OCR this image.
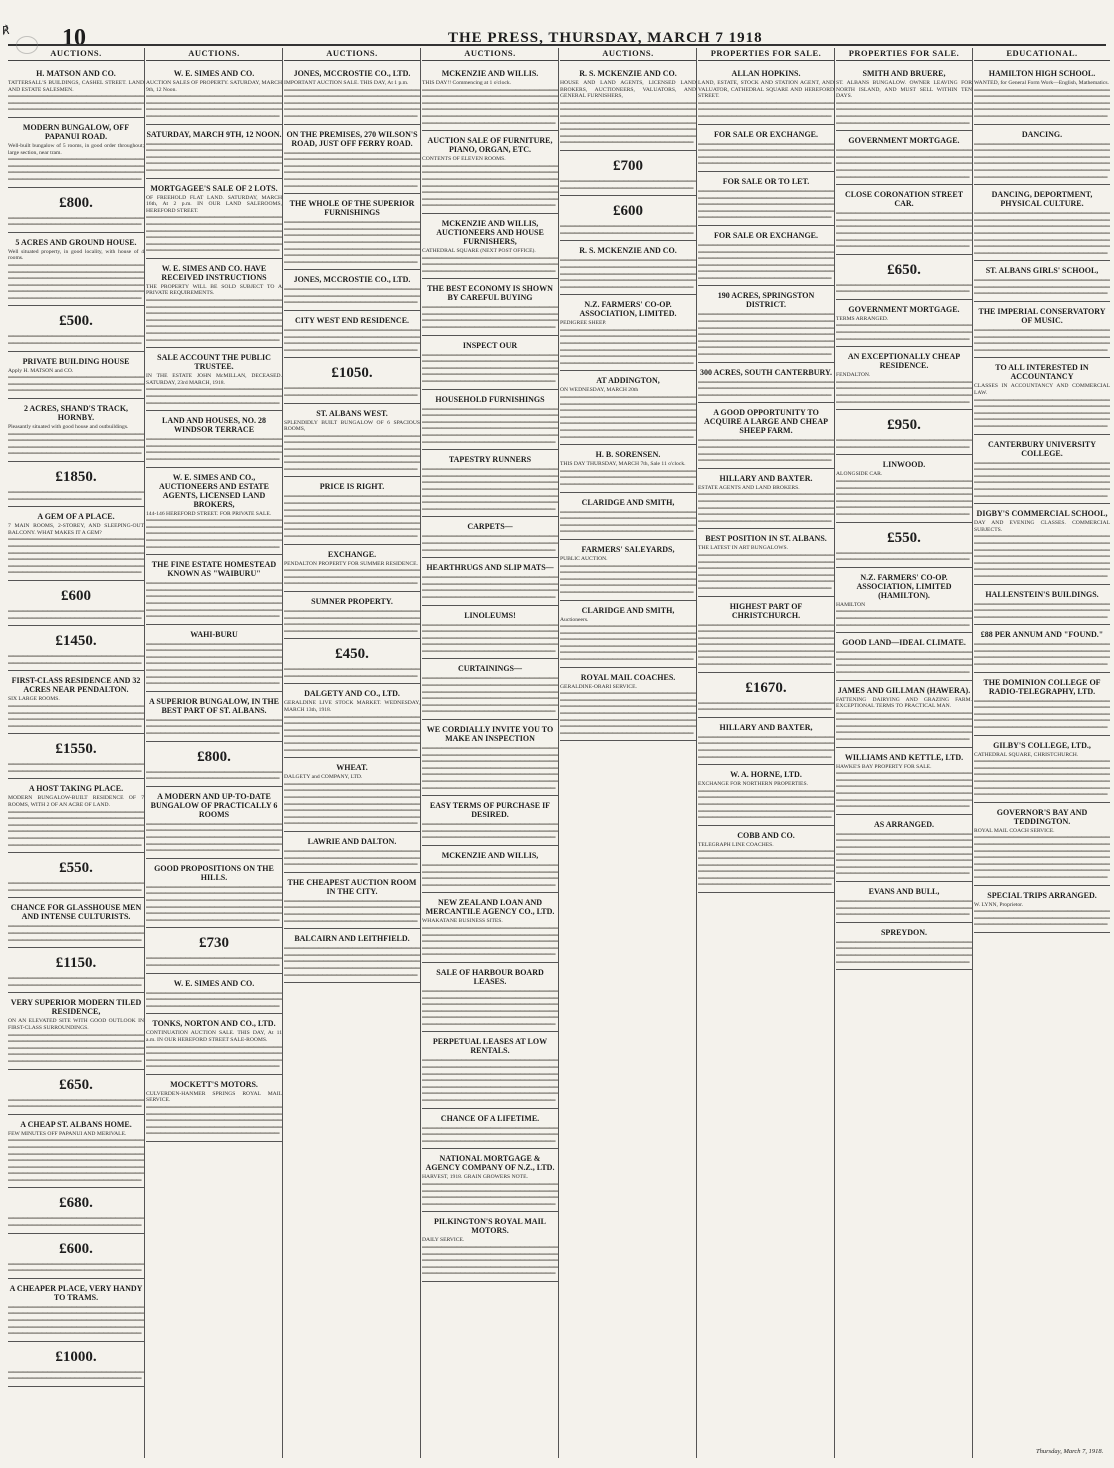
℟ 10	THE PRESS, THURSDAY, MARCH 7 1918
AUCTIONS.
H. MATSON AND CO.
TATTERSALL'S BUILDINGS, CASHEL STREET. LAND AND ESTATE SALESMEN.
▬▬ ▬▬▬ ▬ ▬▬▬▬ ▬▬ ▬▬▬ ▬▬ ▬ ▬▬▬▬▬ ▬▬ ▬▬▬ ▬▬ ▬▬▬ ▬ ▬▬▬▬ ▬▬ ▬▬▬ ▬▬ ▬ ▬▬▬▬▬ ▬▬ ▬▬▬ ▬▬ ▬▬▬ ▬ ▬▬▬▬ ▬▬ ▬▬▬ ▬▬ ▬ ▬▬▬▬▬ ▬▬ ▬▬▬
MODERN BUNGALOW, OFF PAPANUI ROAD.
Well-built bungalow of 5 rooms, in good order throughout; large section, near tram.
▬▬ ▬▬▬ ▬ ▬▬▬▬ ▬▬ ▬▬▬ ▬▬ ▬ ▬▬▬▬▬ ▬▬ ▬▬▬ ▬▬ ▬▬▬ ▬ ▬▬▬▬ ▬▬ ▬▬▬ ▬▬ ▬ ▬▬▬▬▬ ▬▬ ▬▬▬ ▬▬ ▬▬▬ ▬ ▬▬▬▬ ▬▬ ▬▬▬ ▬▬ ▬ ▬▬▬▬▬ ▬▬ ▬▬▬ ▬▬ ▬▬▬ ▬ ▬▬▬▬ ▬▬ ▬▬▬ ▬▬ ▬ ▬▬▬▬▬ ▬▬ ▬▬▬
£800.
▬▬ ▬▬▬ ▬ ▬▬▬▬ ▬▬ ▬▬▬ ▬▬ ▬ ▬▬▬▬▬ ▬▬ ▬▬▬ ▬▬ ▬▬▬ ▬ ▬▬▬▬ ▬▬ ▬▬▬ ▬▬ ▬ ▬▬▬▬▬ ▬▬ ▬▬▬
5 ACRES AND GROUND HOUSE.
Well situated property, in good locality, with house of 4 rooms.
▬▬ ▬▬▬ ▬ ▬▬▬▬ ▬▬ ▬▬▬ ▬▬ ▬ ▬▬▬▬▬ ▬▬ ▬▬▬ ▬▬ ▬▬▬ ▬ ▬▬▬▬ ▬▬ ▬▬▬ ▬▬ ▬ ▬▬▬▬▬ ▬▬ ▬▬▬ ▬▬ ▬▬▬ ▬ ▬▬▬▬ ▬▬ ▬▬▬ ▬▬ ▬ ▬▬▬▬▬ ▬▬ ▬▬▬ ▬▬ ▬▬▬ ▬ ▬▬▬▬ ▬▬ ▬▬▬ ▬▬ ▬ ▬▬▬▬▬ ▬▬ ▬▬▬ ▬▬ ▬▬▬ ▬ ▬▬▬▬ ▬▬ ▬▬▬ ▬▬ ▬ ▬▬▬▬▬ ▬▬ ▬▬▬ ▬▬ ▬▬▬ ▬ ▬▬▬▬ ▬▬ ▬▬▬ ▬▬ ▬ ▬▬▬▬▬ ▬▬ ▬▬▬
£500.
▬▬ ▬▬▬ ▬ ▬▬▬▬ ▬▬ ▬▬▬ ▬▬ ▬ ▬▬▬▬▬ ▬▬ ▬▬▬ ▬▬ ▬▬▬ ▬ ▬▬▬▬ ▬▬ ▬▬▬ ▬▬ ▬ ▬▬▬▬▬ ▬▬ ▬▬▬
PRIVATE BUILDING HOUSE
Apply H. MATSON and CO.
▬▬ ▬▬▬ ▬ ▬▬▬▬ ▬▬ ▬▬▬ ▬▬ ▬ ▬▬▬▬▬ ▬▬ ▬▬▬ ▬▬ ▬▬▬ ▬ ▬▬▬▬ ▬▬ ▬▬▬ ▬▬ ▬ ▬▬▬▬▬ ▬▬ ▬▬▬ ▬▬ ▬▬▬ ▬ ▬▬▬▬ ▬▬ ▬▬▬ ▬▬ ▬ ▬▬▬▬▬ ▬▬ ▬▬▬
2 ACRES, SHAND'S TRACK, HORNBY.
Pleasantly situated with good house and outbuildings.
▬▬ ▬▬▬ ▬ ▬▬▬▬ ▬▬ ▬▬▬ ▬▬ ▬ ▬▬▬▬▬ ▬▬ ▬▬▬ ▬▬ ▬▬▬ ▬ ▬▬▬▬ ▬▬ ▬▬▬ ▬▬ ▬ ▬▬▬▬▬ ▬▬ ▬▬▬ ▬▬ ▬▬▬ ▬ ▬▬▬▬ ▬▬ ▬▬▬ ▬▬ ▬ ▬▬▬▬▬ ▬▬ ▬▬▬ ▬▬ ▬▬▬ ▬ ▬▬▬▬ ▬▬ ▬▬▬ ▬▬ ▬ ▬▬▬▬▬ ▬▬ ▬▬▬
£1850.
▬▬ ▬▬▬ ▬ ▬▬▬▬ ▬▬ ▬▬▬ ▬▬ ▬ ▬▬▬▬▬ ▬▬ ▬▬▬ ▬▬ ▬▬▬ ▬ ▬▬▬▬ ▬▬ ▬▬▬ ▬▬ ▬ ▬▬▬▬▬ ▬▬ ▬▬▬
A GEM OF A PLACE.
7 MAIN ROOMS, 2-STOREY, AND SLEEPING-OUT BALCONY. WHAT MAKES IT A GEM?
▬▬ ▬▬▬ ▬ ▬▬▬▬ ▬▬ ▬▬▬ ▬▬ ▬ ▬▬▬▬▬ ▬▬ ▬▬▬ ▬▬ ▬▬▬ ▬ ▬▬▬▬ ▬▬ ▬▬▬ ▬▬ ▬ ▬▬▬▬▬ ▬▬ ▬▬▬ ▬▬ ▬▬▬ ▬ ▬▬▬▬ ▬▬ ▬▬▬ ▬▬ ▬ ▬▬▬▬▬ ▬▬ ▬▬▬ ▬▬ ▬▬▬ ▬ ▬▬▬▬ ▬▬ ▬▬▬ ▬▬ ▬ ▬▬▬▬▬ ▬▬ ▬▬▬ ▬▬ ▬▬▬ ▬ ▬▬▬▬ ▬▬ ▬▬▬ ▬▬ ▬ ▬▬▬▬▬ ▬▬ ▬▬▬ ▬▬ ▬▬▬ ▬ ▬▬▬▬ ▬▬ ▬▬▬ ▬▬ ▬ ▬▬▬▬▬ ▬▬ ▬▬▬
£600
▬▬ ▬▬▬ ▬ ▬▬▬▬ ▬▬ ▬▬▬ ▬▬ ▬ ▬▬▬▬▬ ▬▬ ▬▬▬ ▬▬ ▬▬▬ ▬ ▬▬▬▬ ▬▬ ▬▬▬ ▬▬ ▬ ▬▬▬▬▬ ▬▬ ▬▬▬
£1450.
▬▬ ▬▬▬ ▬ ▬▬▬▬ ▬▬ ▬▬▬ ▬▬ ▬ ▬▬▬▬▬ ▬▬ ▬▬▬ ▬▬ ▬▬▬ ▬ ▬▬▬▬ ▬▬ ▬▬▬ ▬▬ ▬ ▬▬▬▬▬ ▬▬ ▬▬▬
FIRST-CLASS RESIDENCE AND 32 ACRES NEAR PENDALTON.
SIX LARGE ROOMS.
▬▬ ▬▬▬ ▬ ▬▬▬▬ ▬▬ ▬▬▬ ▬▬ ▬ ▬▬▬▬▬ ▬▬ ▬▬▬ ▬▬ ▬▬▬ ▬ ▬▬▬▬ ▬▬ ▬▬▬ ▬▬ ▬ ▬▬▬▬▬ ▬▬ ▬▬▬ ▬▬ ▬▬▬ ▬ ▬▬▬▬ ▬▬ ▬▬▬ ▬▬ ▬ ▬▬▬▬▬ ▬▬ ▬▬▬ ▬▬ ▬▬▬ ▬ ▬▬▬▬ ▬▬ ▬▬▬ ▬▬ ▬ ▬▬▬▬▬ ▬▬ ▬▬▬
£1550.
▬▬ ▬▬▬ ▬ ▬▬▬▬ ▬▬ ▬▬▬ ▬▬ ▬ ▬▬▬▬▬ ▬▬ ▬▬▬ ▬▬ ▬▬▬ ▬ ▬▬▬▬ ▬▬ ▬▬▬ ▬▬ ▬ ▬▬▬▬▬ ▬▬ ▬▬▬
A HOST TAKING PLACE.
MODERN BUNGALOW-BUILT RESIDENCE OF 7 ROOMS, WITH 2 OF AN ACRE OF LAND.
▬▬ ▬▬▬ ▬ ▬▬▬▬ ▬▬ ▬▬▬ ▬▬ ▬ ▬▬▬▬▬ ▬▬ ▬▬▬ ▬▬ ▬▬▬ ▬ ▬▬▬▬ ▬▬ ▬▬▬ ▬▬ ▬ ▬▬▬▬▬ ▬▬ ▬▬▬ ▬▬ ▬▬▬ ▬ ▬▬▬▬ ▬▬ ▬▬▬ ▬▬ ▬ ▬▬▬▬▬ ▬▬ ▬▬▬ ▬▬ ▬▬▬ ▬ ▬▬▬▬ ▬▬ ▬▬▬ ▬▬ ▬ ▬▬▬▬▬ ▬▬ ▬▬▬ ▬▬ ▬▬▬ ▬ ▬▬▬▬ ▬▬ ▬▬▬ ▬▬ ▬ ▬▬▬▬▬ ▬▬ ▬▬▬ ▬▬ ▬▬▬ ▬ ▬▬▬▬ ▬▬ ▬▬▬ ▬▬ ▬ ▬▬▬▬▬ ▬▬ ▬▬▬
£550.
▬▬ ▬▬▬ ▬ ▬▬▬▬ ▬▬ ▬▬▬ ▬▬ ▬ ▬▬▬▬▬ ▬▬ ▬▬▬ ▬▬ ▬▬▬ ▬ ▬▬▬▬ ▬▬ ▬▬▬ ▬▬ ▬ ▬▬▬▬▬ ▬▬ ▬▬▬
CHANCE FOR GLASSHOUSE MEN AND INTENSE CULTURISTS.
▬▬ ▬▬▬ ▬ ▬▬▬▬ ▬▬ ▬▬▬ ▬▬ ▬ ▬▬▬▬▬ ▬▬ ▬▬▬ ▬▬ ▬▬▬ ▬ ▬▬▬▬ ▬▬ ▬▬▬ ▬▬ ▬ ▬▬▬▬▬ ▬▬ ▬▬▬ ▬▬ ▬▬▬ ▬ ▬▬▬▬ ▬▬ ▬▬▬ ▬▬ ▬ ▬▬▬▬▬ ▬▬ ▬▬▬
£1150.
▬▬ ▬▬▬ ▬ ▬▬▬▬ ▬▬ ▬▬▬ ▬▬ ▬ ▬▬▬▬▬ ▬▬ ▬▬▬ ▬▬ ▬▬▬ ▬ ▬▬▬▬ ▬▬ ▬▬▬ ▬▬ ▬ ▬▬▬▬▬ ▬▬ ▬▬▬
VERY SUPERIOR MODERN TILED RESIDENCE,
ON AN ELEVATED SITE WITH GOOD OUTLOOK IN FIRST-CLASS SURROUNDINGS.
▬▬ ▬▬▬ ▬ ▬▬▬▬ ▬▬ ▬▬▬ ▬▬ ▬ ▬▬▬▬▬ ▬▬ ▬▬▬ ▬▬ ▬▬▬ ▬ ▬▬▬▬ ▬▬ ▬▬▬ ▬▬ ▬ ▬▬▬▬▬ ▬▬ ▬▬▬ ▬▬ ▬▬▬ ▬ ▬▬▬▬ ▬▬ ▬▬▬ ▬▬ ▬ ▬▬▬▬▬ ▬▬ ▬▬▬ ▬▬ ▬▬▬ ▬ ▬▬▬▬ ▬▬ ▬▬▬ ▬▬ ▬ ▬▬▬▬▬ ▬▬ ▬▬▬ ▬▬ ▬▬▬ ▬ ▬▬▬▬ ▬▬ ▬▬▬ ▬▬ ▬ ▬▬▬▬▬ ▬▬ ▬▬▬
£650.
▬▬ ▬▬▬ ▬ ▬▬▬▬ ▬▬ ▬▬▬ ▬▬ ▬ ▬▬▬▬▬ ▬▬ ▬▬▬ ▬▬ ▬▬▬ ▬ ▬▬▬▬ ▬▬ ▬▬▬ ▬▬ ▬ ▬▬▬▬▬ ▬▬ ▬▬▬
A CHEAP ST. ALBANS HOME.
FEW MINUTES OFF PAPANUI AND MERIVALE.
▬▬ ▬▬▬ ▬ ▬▬▬▬ ▬▬ ▬▬▬ ▬▬ ▬ ▬▬▬▬▬ ▬▬ ▬▬▬ ▬▬ ▬▬▬ ▬ ▬▬▬▬ ▬▬ ▬▬▬ ▬▬ ▬ ▬▬▬▬▬ ▬▬ ▬▬▬ ▬▬ ▬▬▬ ▬ ▬▬▬▬ ▬▬ ▬▬▬ ▬▬ ▬ ▬▬▬▬▬ ▬▬ ▬▬▬ ▬▬ ▬▬▬ ▬ ▬▬▬▬ ▬▬ ▬▬▬ ▬▬ ▬ ▬▬▬▬▬ ▬▬ ▬▬▬ ▬▬ ▬▬▬ ▬ ▬▬▬▬ ▬▬ ▬▬▬ ▬▬ ▬ ▬▬▬▬▬ ▬▬ ▬▬▬ ▬▬ ▬▬▬ ▬ ▬▬▬▬ ▬▬ ▬▬▬ ▬▬ ▬ ▬▬▬▬▬ ▬▬ ▬▬▬ ▬▬ ▬▬▬ ▬ ▬▬▬▬ ▬▬ ▬▬▬ ▬▬ ▬ ▬▬▬▬▬ ▬▬ ▬▬▬
£680.
▬▬ ▬▬▬ ▬ ▬▬▬▬ ▬▬ ▬▬▬ ▬▬ ▬ ▬▬▬▬▬ ▬▬ ▬▬▬ ▬▬ ▬▬▬ ▬ ▬▬▬▬ ▬▬ ▬▬▬ ▬▬ ▬ ▬▬▬▬▬ ▬▬ ▬▬▬
£600.
▬▬ ▬▬▬ ▬ ▬▬▬▬ ▬▬ ▬▬▬ ▬▬ ▬ ▬▬▬▬▬ ▬▬ ▬▬▬ ▬▬ ▬▬▬ ▬ ▬▬▬▬ ▬▬ ▬▬▬ ▬▬ ▬ ▬▬▬▬▬ ▬▬ ▬▬▬
A CHEAPER PLACE, VERY HANDY TO TRAMS.
▬▬ ▬▬▬ ▬ ▬▬▬▬ ▬▬ ▬▬▬ ▬▬ ▬ ▬▬▬▬▬ ▬▬ ▬▬▬ ▬▬ ▬▬▬ ▬ ▬▬▬▬ ▬▬ ▬▬▬ ▬▬ ▬ ▬▬▬▬▬ ▬▬ ▬▬▬ ▬▬ ▬▬▬ ▬ ▬▬▬▬ ▬▬ ▬▬▬ ▬▬ ▬ ▬▬▬▬▬ ▬▬ ▬▬▬ ▬▬ ▬▬▬ ▬ ▬▬▬▬ ▬▬ ▬▬▬ ▬▬ ▬ ▬▬▬▬▬ ▬▬ ▬▬▬ ▬▬ ▬▬▬ ▬ ▬▬▬▬ ▬▬ ▬▬▬ ▬▬ ▬ ▬▬▬▬▬ ▬▬ ▬▬▬
£1000.
▬▬ ▬▬▬ ▬ ▬▬▬▬ ▬▬ ▬▬▬ ▬▬ ▬ ▬▬▬▬▬ ▬▬ ▬▬▬ ▬▬ ▬▬▬ ▬ ▬▬▬▬ ▬▬ ▬▬▬ ▬▬ ▬ ▬▬▬▬▬ ▬▬ ▬▬▬
AUCTIONS.
W. E. SIMES AND CO.
AUCTION SALES OF PROPERTY. SATURDAY, MARCH 9th, 12 Noon.
▬▬ ▬▬▬ ▬ ▬▬▬▬ ▬▬ ▬▬▬ ▬▬ ▬ ▬▬▬▬▬ ▬▬ ▬▬▬ ▬▬ ▬▬▬ ▬ ▬▬▬▬ ▬▬ ▬▬▬ ▬▬ ▬ ▬▬▬▬▬ ▬▬ ▬▬▬ ▬▬ ▬▬▬ ▬ ▬▬▬▬ ▬▬ ▬▬▬ ▬▬ ▬ ▬▬▬▬▬ ▬▬ ▬▬▬ ▬▬ ▬▬▬ ▬ ▬▬▬▬ ▬▬ ▬▬▬ ▬▬ ▬ ▬▬▬▬▬ ▬▬ ▬▬▬
SATURDAY, MARCH 9TH, 12 NOON.
▬▬ ▬▬▬ ▬ ▬▬▬▬ ▬▬ ▬▬▬ ▬▬ ▬ ▬▬▬▬▬ ▬▬ ▬▬▬ ▬▬ ▬▬▬ ▬ ▬▬▬▬ ▬▬ ▬▬▬ ▬▬ ▬ ▬▬▬▬▬ ▬▬ ▬▬▬ ▬▬ ▬▬▬ ▬ ▬▬▬▬ ▬▬ ▬▬▬ ▬▬ ▬ ▬▬▬▬▬ ▬▬ ▬▬▬ ▬▬ ▬▬▬ ▬ ▬▬▬▬ ▬▬ ▬▬▬ ▬▬ ▬ ▬▬▬▬▬ ▬▬ ▬▬▬ ▬▬ ▬▬▬ ▬ ▬▬▬▬ ▬▬ ▬▬▬ ▬▬ ▬ ▬▬▬▬▬ ▬▬ ▬▬▬
MORTGAGEE'S SALE OF 2 LOTS.
OF FREEHOLD FLAT LAND. SATURDAY, MARCH 16th, At 2 p.m. IN OUR LAND SALEROOMS, HEREFORD STREET.
▬▬ ▬▬▬ ▬ ▬▬▬▬ ▬▬ ▬▬▬ ▬▬ ▬ ▬▬▬▬▬ ▬▬ ▬▬▬ ▬▬ ▬▬▬ ▬ ▬▬▬▬ ▬▬ ▬▬▬ ▬▬ ▬ ▬▬▬▬▬ ▬▬ ▬▬▬ ▬▬ ▬▬▬ ▬ ▬▬▬▬ ▬▬ ▬▬▬ ▬▬ ▬ ▬▬▬▬▬ ▬▬ ▬▬▬ ▬▬ ▬▬▬ ▬ ▬▬▬▬ ▬▬ ▬▬▬ ▬▬ ▬ ▬▬▬▬▬ ▬▬ ▬▬▬ ▬▬ ▬▬▬ ▬ ▬▬▬▬ ▬▬ ▬▬▬ ▬▬ ▬ ▬▬▬▬▬ ▬▬ ▬▬▬ ▬▬ ▬▬▬ ▬ ▬▬▬▬ ▬▬ ▬▬▬ ▬▬ ▬ ▬▬▬▬▬ ▬▬ ▬▬▬
W. E. SIMES AND CO. HAVE RECEIVED INSTRUCTIONS
THE PROPERTY WILL BE SOLD SUBJECT TO A PRIVATE REQUIREMENTS.
▬▬ ▬▬▬ ▬ ▬▬▬▬ ▬▬ ▬▬▬ ▬▬ ▬ ▬▬▬▬▬ ▬▬ ▬▬▬ ▬▬ ▬▬▬ ▬ ▬▬▬▬ ▬▬ ▬▬▬ ▬▬ ▬ ▬▬▬▬▬ ▬▬ ▬▬▬ ▬▬ ▬▬▬ ▬ ▬▬▬▬ ▬▬ ▬▬▬ ▬▬ ▬ ▬▬▬▬▬ ▬▬ ▬▬▬ ▬▬ ▬▬▬ ▬ ▬▬▬▬ ▬▬ ▬▬▬ ▬▬ ▬ ▬▬▬▬▬ ▬▬ ▬▬▬ ▬▬ ▬▬▬ ▬ ▬▬▬▬ ▬▬ ▬▬▬ ▬▬ ▬ ▬▬▬▬▬ ▬▬ ▬▬▬ ▬▬ ▬▬▬ ▬ ▬▬▬▬ ▬▬ ▬▬▬ ▬▬ ▬ ▬▬▬▬▬ ▬▬ ▬▬▬ ▬▬ ▬▬▬ ▬ ▬▬▬▬ ▬▬ ▬▬▬ ▬▬ ▬ ▬▬▬▬▬ ▬▬ ▬▬▬
SALE ACCOUNT THE PUBLIC TRUSTEE.
IN THE ESTATE JOHN McMILLAN, DECEASED. SATURDAY, 23rd MARCH, 1918.
▬▬ ▬▬▬ ▬ ▬▬▬▬ ▬▬ ▬▬▬ ▬▬ ▬ ▬▬▬▬▬ ▬▬ ▬▬▬ ▬▬ ▬▬▬ ▬ ▬▬▬▬ ▬▬ ▬▬▬ ▬▬ ▬ ▬▬▬▬▬ ▬▬ ▬▬▬ ▬▬ ▬▬▬ ▬ ▬▬▬▬ ▬▬ ▬▬▬ ▬▬ ▬ ▬▬▬▬▬ ▬▬ ▬▬▬
LAND AND HOUSES, NO. 28 WINDSOR TERRACE
▬▬ ▬▬▬ ▬ ▬▬▬▬ ▬▬ ▬▬▬ ▬▬ ▬ ▬▬▬▬▬ ▬▬ ▬▬▬ ▬▬ ▬▬▬ ▬ ▬▬▬▬ ▬▬ ▬▬▬ ▬▬ ▬ ▬▬▬▬▬ ▬▬ ▬▬▬ ▬▬ ▬▬▬ ▬ ▬▬▬▬ ▬▬ ▬▬▬ ▬▬ ▬ ▬▬▬▬▬ ▬▬ ▬▬▬ ▬▬ ▬▬▬ ▬ ▬▬▬▬ ▬▬ ▬▬▬ ▬▬ ▬ ▬▬▬▬▬ ▬▬ ▬▬▬
W. E. SIMES AND CO., AUCTIONEERS AND ESTATE AGENTS, LICENSED LAND BROKERS,
144-146 HEREFORD STREET. FOR PRIVATE SALE.
▬▬ ▬▬▬ ▬ ▬▬▬▬ ▬▬ ▬▬▬ ▬▬ ▬ ▬▬▬▬▬ ▬▬ ▬▬▬ ▬▬ ▬▬▬ ▬ ▬▬▬▬ ▬▬ ▬▬▬ ▬▬ ▬ ▬▬▬▬▬ ▬▬ ▬▬▬ ▬▬ ▬▬▬ ▬ ▬▬▬▬ ▬▬ ▬▬▬ ▬▬ ▬ ▬▬▬▬▬ ▬▬ ▬▬▬ ▬▬ ▬▬▬ ▬ ▬▬▬▬ ▬▬ ▬▬▬ ▬▬ ▬ ▬▬▬▬▬ ▬▬ ▬▬▬ ▬▬ ▬▬▬ ▬ ▬▬▬▬ ▬▬ ▬▬▬ ▬▬ ▬ ▬▬▬▬▬ ▬▬ ▬▬▬
THE FINE ESTATE HOMESTEAD KNOWN AS "WAIBURU"
▬▬ ▬▬▬ ▬ ▬▬▬▬ ▬▬ ▬▬▬ ▬▬ ▬ ▬▬▬▬▬ ▬▬ ▬▬▬ ▬▬ ▬▬▬ ▬ ▬▬▬▬ ▬▬ ▬▬▬ ▬▬ ▬ ▬▬▬▬▬ ▬▬ ▬▬▬ ▬▬ ▬▬▬ ▬ ▬▬▬▬ ▬▬ ▬▬▬ ▬▬ ▬ ▬▬▬▬▬ ▬▬ ▬▬▬ ▬▬ ▬▬▬ ▬ ▬▬▬▬ ▬▬ ▬▬▬ ▬▬ ▬ ▬▬▬▬▬ ▬▬ ▬▬▬ ▬▬ ▬▬▬ ▬ ▬▬▬▬ ▬▬ ▬▬▬ ▬▬ ▬ ▬▬▬▬▬ ▬▬ ▬▬▬ ▬▬ ▬▬▬ ▬ ▬▬▬▬ ▬▬ ▬▬▬ ▬▬ ▬ ▬▬▬▬▬ ▬▬ ▬▬▬
WAHI-BURU
▬▬ ▬▬▬ ▬ ▬▬▬▬ ▬▬ ▬▬▬ ▬▬ ▬ ▬▬▬▬▬ ▬▬ ▬▬▬ ▬▬ ▬▬▬ ▬ ▬▬▬▬ ▬▬ ▬▬▬ ▬▬ ▬ ▬▬▬▬▬ ▬▬ ▬▬▬ ▬▬ ▬▬▬ ▬ ▬▬▬▬ ▬▬ ▬▬▬ ▬▬ ▬ ▬▬▬▬▬ ▬▬ ▬▬▬ ▬▬ ▬▬▬ ▬ ▬▬▬▬ ▬▬ ▬▬▬ ▬▬ ▬ ▬▬▬▬▬ ▬▬ ▬▬▬ ▬▬ ▬▬▬ ▬ ▬▬▬▬ ▬▬ ▬▬▬ ▬▬ ▬ ▬▬▬▬▬ ▬▬ ▬▬▬ ▬▬ ▬▬▬ ▬ ▬▬▬▬ ▬▬ ▬▬▬ ▬▬ ▬ ▬▬▬▬▬ ▬▬ ▬▬▬ ▬▬ ▬▬▬ ▬ ▬▬▬▬ ▬▬ ▬▬▬ ▬▬ ▬ ▬▬▬▬▬ ▬▬ ▬▬▬
A SUPERIOR BUNGALOW, IN THE BEST PART OF ST. ALBANS.
▬▬ ▬▬▬ ▬ ▬▬▬▬ ▬▬ ▬▬▬ ▬▬ ▬ ▬▬▬▬▬ ▬▬ ▬▬▬ ▬▬ ▬▬▬ ▬ ▬▬▬▬ ▬▬ ▬▬▬ ▬▬ ▬ ▬▬▬▬▬ ▬▬ ▬▬▬ ▬▬ ▬▬▬ ▬ ▬▬▬▬ ▬▬ ▬▬▬ ▬▬ ▬ ▬▬▬▬▬ ▬▬ ▬▬▬
£800.
▬▬ ▬▬▬ ▬ ▬▬▬▬ ▬▬ ▬▬▬ ▬▬ ▬ ▬▬▬▬▬ ▬▬ ▬▬▬ ▬▬ ▬▬▬ ▬ ▬▬▬▬ ▬▬ ▬▬▬ ▬▬ ▬ ▬▬▬▬▬ ▬▬ ▬▬▬
A MODERN AND UP-TO-DATE BUNGALOW OF PRACTICALLY 6 ROOMS
▬▬ ▬▬▬ ▬ ▬▬▬▬ ▬▬ ▬▬▬ ▬▬ ▬ ▬▬▬▬▬ ▬▬ ▬▬▬ ▬▬ ▬▬▬ ▬ ▬▬▬▬ ▬▬ ▬▬▬ ▬▬ ▬ ▬▬▬▬▬ ▬▬ ▬▬▬ ▬▬ ▬▬▬ ▬ ▬▬▬▬ ▬▬ ▬▬▬ ▬▬ ▬ ▬▬▬▬▬ ▬▬ ▬▬▬ ▬▬ ▬▬▬ ▬ ▬▬▬▬ ▬▬ ▬▬▬ ▬▬ ▬ ▬▬▬▬▬ ▬▬ ▬▬▬ ▬▬ ▬▬▬ ▬ ▬▬▬▬ ▬▬ ▬▬▬ ▬▬ ▬ ▬▬▬▬▬ ▬▬ ▬▬▬
GOOD PROPOSITIONS ON THE HILLS.
▬▬ ▬▬▬ ▬ ▬▬▬▬ ▬▬ ▬▬▬ ▬▬ ▬ ▬▬▬▬▬ ▬▬ ▬▬▬ ▬▬ ▬▬▬ ▬ ▬▬▬▬ ▬▬ ▬▬▬ ▬▬ ▬ ▬▬▬▬▬ ▬▬ ▬▬▬ ▬▬ ▬▬▬ ▬ ▬▬▬▬ ▬▬ ▬▬▬ ▬▬ ▬ ▬▬▬▬▬ ▬▬ ▬▬▬ ▬▬ ▬▬▬ ▬ ▬▬▬▬ ▬▬ ▬▬▬ ▬▬ ▬ ▬▬▬▬▬ ▬▬ ▬▬▬ ▬▬ ▬▬▬ ▬ ▬▬▬▬ ▬▬ ▬▬▬ ▬▬ ▬ ▬▬▬▬▬ ▬▬ ▬▬▬ ▬▬ ▬▬▬ ▬ ▬▬▬▬ ▬▬ ▬▬▬ ▬▬ ▬ ▬▬▬▬▬ ▬▬ ▬▬▬
£730
▬▬ ▬▬▬ ▬ ▬▬▬▬ ▬▬ ▬▬▬ ▬▬ ▬ ▬▬▬▬▬ ▬▬ ▬▬▬ ▬▬ ▬▬▬ ▬ ▬▬▬▬ ▬▬ ▬▬▬ ▬▬ ▬ ▬▬▬▬▬ ▬▬ ▬▬▬
W. E. SIMES AND CO.
▬▬ ▬▬▬ ▬ ▬▬▬▬ ▬▬ ▬▬▬ ▬▬ ▬ ▬▬▬▬▬ ▬▬ ▬▬▬ ▬▬ ▬▬▬ ▬ ▬▬▬▬ ▬▬ ▬▬▬ ▬▬ ▬ ▬▬▬▬▬ ▬▬ ▬▬▬ ▬▬ ▬▬▬ ▬ ▬▬▬▬ ▬▬ ▬▬▬ ▬▬ ▬ ▬▬▬▬▬ ▬▬ ▬▬▬
TONKS, NORTON AND CO., LTD.
CONTINUATION AUCTION SALE. THIS DAY, At 11 a.m. IN OUR HEREFORD STREET SALE-ROOMS.
▬▬ ▬▬▬ ▬ ▬▬▬▬ ▬▬ ▬▬▬ ▬▬ ▬ ▬▬▬▬▬ ▬▬ ▬▬▬ ▬▬ ▬▬▬ ▬ ▬▬▬▬ ▬▬ ▬▬▬ ▬▬ ▬ ▬▬▬▬▬ ▬▬ ▬▬▬ ▬▬ ▬▬▬ ▬ ▬▬▬▬ ▬▬ ▬▬▬ ▬▬ ▬ ▬▬▬▬▬ ▬▬ ▬▬▬ ▬▬ ▬▬▬ ▬ ▬▬▬▬ ▬▬ ▬▬▬ ▬▬ ▬ ▬▬▬▬▬ ▬▬ ▬▬▬
MOCKETT'S MOTORS.
CULVERDEN-HANMER SPRINGS ROYAL MAIL SERVICE.
▬▬ ▬▬▬ ▬ ▬▬▬▬ ▬▬ ▬▬▬ ▬▬ ▬ ▬▬▬▬▬ ▬▬ ▬▬▬ ▬▬ ▬▬▬ ▬ ▬▬▬▬ ▬▬ ▬▬▬ ▬▬ ▬ ▬▬▬▬▬ ▬▬ ▬▬▬ ▬▬ ▬▬▬ ▬ ▬▬▬▬ ▬▬ ▬▬▬ ▬▬ ▬ ▬▬▬▬▬ ▬▬ ▬▬▬ ▬▬ ▬▬▬ ▬ ▬▬▬▬ ▬▬ ▬▬▬ ▬▬ ▬ ▬▬▬▬▬ ▬▬ ▬▬▬ ▬▬ ▬▬▬ ▬ ▬▬▬▬ ▬▬ ▬▬▬ ▬▬ ▬ ▬▬▬▬▬ ▬▬ ▬▬▬
AUCTIONS.
JONES, MCCROSTIE CO., LTD.
IMPORTANT AUCTION SALE. THIS DAY, At 1 p.m.
▬▬ ▬▬▬ ▬ ▬▬▬▬ ▬▬ ▬▬▬ ▬▬ ▬ ▬▬▬▬▬ ▬▬ ▬▬▬ ▬▬ ▬▬▬ ▬ ▬▬▬▬ ▬▬ ▬▬▬ ▬▬ ▬ ▬▬▬▬▬ ▬▬ ▬▬▬ ▬▬ ▬▬▬ ▬ ▬▬▬▬ ▬▬ ▬▬▬ ▬▬ ▬ ▬▬▬▬▬ ▬▬ ▬▬▬ ▬▬ ▬▬▬ ▬ ▬▬▬▬ ▬▬ ▬▬▬ ▬▬ ▬ ▬▬▬▬▬ ▬▬ ▬▬▬ ▬▬ ▬▬▬ ▬ ▬▬▬▬ ▬▬ ▬▬▬ ▬▬ ▬ ▬▬▬▬▬ ▬▬ ▬▬▬
ON THE PREMISES, 270 WILSON'S ROAD, JUST OFF FERRY ROAD.
▬▬ ▬▬▬ ▬ ▬▬▬▬ ▬▬ ▬▬▬ ▬▬ ▬ ▬▬▬▬▬ ▬▬ ▬▬▬ ▬▬ ▬▬▬ ▬ ▬▬▬▬ ▬▬ ▬▬▬ ▬▬ ▬ ▬▬▬▬▬ ▬▬ ▬▬▬ ▬▬ ▬▬▬ ▬ ▬▬▬▬ ▬▬ ▬▬▬ ▬▬ ▬ ▬▬▬▬▬ ▬▬ ▬▬▬ ▬▬ ▬▬▬ ▬ ▬▬▬▬ ▬▬ ▬▬▬ ▬▬ ▬ ▬▬▬▬▬ ▬▬ ▬▬▬ ▬▬ ▬▬▬ ▬ ▬▬▬▬ ▬▬ ▬▬▬ ▬▬ ▬ ▬▬▬▬▬ ▬▬ ▬▬▬ ▬▬ ▬▬▬ ▬ ▬▬▬▬ ▬▬ ▬▬▬ ▬▬ ▬ ▬▬▬▬▬ ▬▬ ▬▬▬
THE WHOLE OF THE SUPERIOR FURNISHINGS
▬▬ ▬▬▬ ▬ ▬▬▬▬ ▬▬ ▬▬▬ ▬▬ ▬ ▬▬▬▬▬ ▬▬ ▬▬▬ ▬▬ ▬▬▬ ▬ ▬▬▬▬ ▬▬ ▬▬▬ ▬▬ ▬ ▬▬▬▬▬ ▬▬ ▬▬▬ ▬▬ ▬▬▬ ▬ ▬▬▬▬ ▬▬ ▬▬▬ ▬▬ ▬ ▬▬▬▬▬ ▬▬ ▬▬▬ ▬▬ ▬▬▬ ▬ ▬▬▬▬ ▬▬ ▬▬▬ ▬▬ ▬ ▬▬▬▬▬ ▬▬ ▬▬▬ ▬▬ ▬▬▬ ▬ ▬▬▬▬ ▬▬ ▬▬▬ ▬▬ ▬ ▬▬▬▬▬ ▬▬ ▬▬▬ ▬▬ ▬▬▬ ▬ ▬▬▬▬ ▬▬ ▬▬▬ ▬▬ ▬ ▬▬▬▬▬ ▬▬ ▬▬▬ ▬▬ ▬▬▬ ▬ ▬▬▬▬ ▬▬ ▬▬▬ ▬▬ ▬ ▬▬▬▬▬ ▬▬ ▬▬▬
JONES, MCCROSTIE CO., LTD.
▬▬ ▬▬▬ ▬ ▬▬▬▬ ▬▬ ▬▬▬ ▬▬ ▬ ▬▬▬▬▬ ▬▬ ▬▬▬ ▬▬ ▬▬▬ ▬ ▬▬▬▬ ▬▬ ▬▬▬ ▬▬ ▬ ▬▬▬▬▬ ▬▬ ▬▬▬ ▬▬ ▬▬▬ ▬ ▬▬▬▬ ▬▬ ▬▬▬ ▬▬ ▬ ▬▬▬▬▬ ▬▬ ▬▬▬
CITY WEST END RESIDENCE.
▬▬ ▬▬▬ ▬ ▬▬▬▬ ▬▬ ▬▬▬ ▬▬ ▬ ▬▬▬▬▬ ▬▬ ▬▬▬ ▬▬ ▬▬▬ ▬ ▬▬▬▬ ▬▬ ▬▬▬ ▬▬ ▬ ▬▬▬▬▬ ▬▬ ▬▬▬ ▬▬ ▬▬▬ ▬ ▬▬▬▬ ▬▬ ▬▬▬ ▬▬ ▬ ▬▬▬▬▬ ▬▬ ▬▬▬ ▬▬ ▬▬▬ ▬ ▬▬▬▬ ▬▬ ▬▬▬ ▬▬ ▬ ▬▬▬▬▬ ▬▬ ▬▬▬
£1050.
▬▬ ▬▬▬ ▬ ▬▬▬▬ ▬▬ ▬▬▬ ▬▬ ▬ ▬▬▬▬▬ ▬▬ ▬▬▬ ▬▬ ▬▬▬ ▬ ▬▬▬▬ ▬▬ ▬▬▬ ▬▬ ▬ ▬▬▬▬▬ ▬▬ ▬▬▬
ST. ALBANS WEST.
SPLENDIDLY BUILT BUNGALOW OF 6 SPACIOUS ROOMS,
▬▬ ▬▬▬ ▬ ▬▬▬▬ ▬▬ ▬▬▬ ▬▬ ▬ ▬▬▬▬▬ ▬▬ ▬▬▬ ▬▬ ▬▬▬ ▬ ▬▬▬▬ ▬▬ ▬▬▬ ▬▬ ▬ ▬▬▬▬▬ ▬▬ ▬▬▬ ▬▬ ▬▬▬ ▬ ▬▬▬▬ ▬▬ ▬▬▬ ▬▬ ▬ ▬▬▬▬▬ ▬▬ ▬▬▬ ▬▬ ▬▬▬ ▬ ▬▬▬▬ ▬▬ ▬▬▬ ▬▬ ▬ ▬▬▬▬▬ ▬▬ ▬▬▬ ▬▬ ▬▬▬ ▬ ▬▬▬▬ ▬▬ ▬▬▬ ▬▬ ▬ ▬▬▬▬▬ ▬▬ ▬▬▬ ▬▬ ▬▬▬ ▬ ▬▬▬▬ ▬▬ ▬▬▬ ▬▬ ▬ ▬▬▬▬▬ ▬▬ ▬▬▬
PRICE IS RIGHT.
▬▬ ▬▬▬ ▬ ▬▬▬▬ ▬▬ ▬▬▬ ▬▬ ▬ ▬▬▬▬▬ ▬▬ ▬▬▬ ▬▬ ▬▬▬ ▬ ▬▬▬▬ ▬▬ ▬▬▬ ▬▬ ▬ ▬▬▬▬▬ ▬▬ ▬▬▬ ▬▬ ▬▬▬ ▬ ▬▬▬▬ ▬▬ ▬▬▬ ▬▬ ▬ ▬▬▬▬▬ ▬▬ ▬▬▬ ▬▬ ▬▬▬ ▬ ▬▬▬▬ ▬▬ ▬▬▬ ▬▬ ▬ ▬▬▬▬▬ ▬▬ ▬▬▬ ▬▬ ▬▬▬ ▬ ▬▬▬▬ ▬▬ ▬▬▬ ▬▬ ▬ ▬▬▬▬▬ ▬▬ ▬▬▬ ▬▬ ▬▬▬ ▬ ▬▬▬▬ ▬▬ ▬▬▬ ▬▬ ▬ ▬▬▬▬▬ ▬▬ ▬▬▬ ▬▬ ▬▬▬ ▬ ▬▬▬▬ ▬▬ ▬▬▬ ▬▬ ▬ ▬▬▬▬▬ ▬▬ ▬▬▬
EXCHANGE.
PENDALTON PROPERTY FOR SUMMER RESIDENCE.
▬▬ ▬▬▬ ▬ ▬▬▬▬ ▬▬ ▬▬▬ ▬▬ ▬ ▬▬▬▬▬ ▬▬ ▬▬▬ ▬▬ ▬▬▬ ▬ ▬▬▬▬ ▬▬ ▬▬▬ ▬▬ ▬ ▬▬▬▬▬ ▬▬ ▬▬▬ ▬▬ ▬▬▬ ▬ ▬▬▬▬ ▬▬ ▬▬▬ ▬▬ ▬ ▬▬▬▬▬ ▬▬ ▬▬▬
SUMNER PROPERTY.
▬▬ ▬▬▬ ▬ ▬▬▬▬ ▬▬ ▬▬▬ ▬▬ ▬ ▬▬▬▬▬ ▬▬ ▬▬▬ ▬▬ ▬▬▬ ▬ ▬▬▬▬ ▬▬ ▬▬▬ ▬▬ ▬ ▬▬▬▬▬ ▬▬ ▬▬▬ ▬▬ ▬▬▬ ▬ ▬▬▬▬ ▬▬ ▬▬▬ ▬▬ ▬ ▬▬▬▬▬ ▬▬ ▬▬▬ ▬▬ ▬▬▬ ▬ ▬▬▬▬ ▬▬ ▬▬▬ ▬▬ ▬ ▬▬▬▬▬ ▬▬ ▬▬▬
£450.
▬▬ ▬▬▬ ▬ ▬▬▬▬ ▬▬ ▬▬▬ ▬▬ ▬ ▬▬▬▬▬ ▬▬ ▬▬▬ ▬▬ ▬▬▬ ▬ ▬▬▬▬ ▬▬ ▬▬▬ ▬▬ ▬ ▬▬▬▬▬ ▬▬ ▬▬▬
DALGETY AND CO., LTD.
GERALDINE LIVE STOCK MARKET. WEDNESDAY, MARCH 13th, 1918.
▬▬ ▬▬▬ ▬ ▬▬▬▬ ▬▬ ▬▬▬ ▬▬ ▬ ▬▬▬▬▬ ▬▬ ▬▬▬ ▬▬ ▬▬▬ ▬ ▬▬▬▬ ▬▬ ▬▬▬ ▬▬ ▬ ▬▬▬▬▬ ▬▬ ▬▬▬ ▬▬ ▬▬▬ ▬ ▬▬▬▬ ▬▬ ▬▬▬ ▬▬ ▬ ▬▬▬▬▬ ▬▬ ▬▬▬ ▬▬ ▬▬▬ ▬ ▬▬▬▬ ▬▬ ▬▬▬ ▬▬ ▬ ▬▬▬▬▬ ▬▬ ▬▬▬ ▬▬ ▬▬▬ ▬ ▬▬▬▬ ▬▬ ▬▬▬ ▬▬ ▬ ▬▬▬▬▬ ▬▬ ▬▬▬ ▬▬ ▬▬▬ ▬ ▬▬▬▬ ▬▬ ▬▬▬ ▬▬ ▬ ▬▬▬▬▬ ▬▬ ▬▬▬
WHEAT.
DALGETY and COMPANY, LTD.
▬▬ ▬▬▬ ▬ ▬▬▬▬ ▬▬ ▬▬▬ ▬▬ ▬ ▬▬▬▬▬ ▬▬ ▬▬▬ ▬▬ ▬▬▬ ▬ ▬▬▬▬ ▬▬ ▬▬▬ ▬▬ ▬ ▬▬▬▬▬ ▬▬ ▬▬▬ ▬▬ ▬▬▬ ▬ ▬▬▬▬ ▬▬ ▬▬▬ ▬▬ ▬ ▬▬▬▬▬ ▬▬ ▬▬▬ ▬▬ ▬▬▬ ▬ ▬▬▬▬ ▬▬ ▬▬▬ ▬▬ ▬ ▬▬▬▬▬ ▬▬ ▬▬▬ ▬▬ ▬▬▬ ▬ ▬▬▬▬ ▬▬ ▬▬▬ ▬▬ ▬ ▬▬▬▬▬ ▬▬ ▬▬▬ ▬▬ ▬▬▬ ▬ ▬▬▬▬ ▬▬ ▬▬▬ ▬▬ ▬ ▬▬▬▬▬ ▬▬ ▬▬▬ ▬▬ ▬▬▬ ▬ ▬▬▬▬ ▬▬ ▬▬▬ ▬▬ ▬ ▬▬▬▬▬ ▬▬ ▬▬▬
LAWRIE AND DALTON.
▬▬ ▬▬▬ ▬ ▬▬▬▬ ▬▬ ▬▬▬ ▬▬ ▬ ▬▬▬▬▬ ▬▬ ▬▬▬ ▬▬ ▬▬▬ ▬ ▬▬▬▬ ▬▬ ▬▬▬ ▬▬ ▬ ▬▬▬▬▬ ▬▬ ▬▬▬ ▬▬ ▬▬▬ ▬ ▬▬▬▬ ▬▬ ▬▬▬ ▬▬ ▬ ▬▬▬▬▬ ▬▬ ▬▬▬
THE CHEAPEST AUCTION ROOM IN THE CITY.
▬▬ ▬▬▬ ▬ ▬▬▬▬ ▬▬ ▬▬▬ ▬▬ ▬ ▬▬▬▬▬ ▬▬ ▬▬▬ ▬▬ ▬▬▬ ▬ ▬▬▬▬ ▬▬ ▬▬▬ ▬▬ ▬ ▬▬▬▬▬ ▬▬ ▬▬▬ ▬▬ ▬▬▬ ▬ ▬▬▬▬ ▬▬ ▬▬▬ ▬▬ ▬ ▬▬▬▬▬ ▬▬ ▬▬▬ ▬▬ ▬▬▬ ▬ ▬▬▬▬ ▬▬ ▬▬▬ ▬▬ ▬ ▬▬▬▬▬ ▬▬ ▬▬▬
BALCAIRN AND LEITHFIELD.
▬▬ ▬▬▬ ▬ ▬▬▬▬ ▬▬ ▬▬▬ ▬▬ ▬ ▬▬▬▬▬ ▬▬ ▬▬▬ ▬▬ ▬▬▬ ▬ ▬▬▬▬ ▬▬ ▬▬▬ ▬▬ ▬ ▬▬▬▬▬ ▬▬ ▬▬▬ ▬▬ ▬▬▬ ▬ ▬▬▬▬ ▬▬ ▬▬▬ ▬▬ ▬ ▬▬▬▬▬ ▬▬ ▬▬▬ ▬▬ ▬▬▬ ▬ ▬▬▬▬ ▬▬ ▬▬▬ ▬▬ ▬ ▬▬▬▬▬ ▬▬ ▬▬▬ ▬▬ ▬▬▬ ▬ ▬▬▬▬ ▬▬ ▬▬▬ ▬▬ ▬ ▬▬▬▬▬ ▬▬ ▬▬▬
AUCTIONS.
MCKENZIE AND WILLIS.
THIS DAY!! Commencing at 1 o'clock.
▬▬ ▬▬▬ ▬ ▬▬▬▬ ▬▬ ▬▬▬ ▬▬ ▬ ▬▬▬▬▬ ▬▬ ▬▬▬ ▬▬ ▬▬▬ ▬ ▬▬▬▬ ▬▬ ▬▬▬ ▬▬ ▬ ▬▬▬▬▬ ▬▬ ▬▬▬ ▬▬ ▬▬▬ ▬ ▬▬▬▬ ▬▬ ▬▬▬ ▬▬ ▬ ▬▬▬▬▬ ▬▬ ▬▬▬ ▬▬ ▬▬▬ ▬ ▬▬▬▬ ▬▬ ▬▬▬ ▬▬ ▬ ▬▬▬▬▬ ▬▬ ▬▬▬ ▬▬ ▬▬▬ ▬ ▬▬▬▬ ▬▬ ▬▬▬ ▬▬ ▬ ▬▬▬▬▬ ▬▬ ▬▬▬ ▬▬ ▬▬▬ ▬ ▬▬▬▬ ▬▬ ▬▬▬ ▬▬ ▬ ▬▬▬▬▬ ▬▬ ▬▬▬
AUCTION SALE OF FURNITURE, PIANO, ORGAN, ETC.
CONTENTS OF ELEVEN ROOMS.
▬▬ ▬▬▬ ▬ ▬▬▬▬ ▬▬ ▬▬▬ ▬▬ ▬ ▬▬▬▬▬ ▬▬ ▬▬▬ ▬▬ ▬▬▬ ▬ ▬▬▬▬ ▬▬ ▬▬▬ ▬▬ ▬ ▬▬▬▬▬ ▬▬ ▬▬▬ ▬▬ ▬▬▬ ▬ ▬▬▬▬ ▬▬ ▬▬▬ ▬▬ ▬ ▬▬▬▬▬ ▬▬ ▬▬▬ ▬▬ ▬▬▬ ▬ ▬▬▬▬ ▬▬ ▬▬▬ ▬▬ ▬ ▬▬▬▬▬ ▬▬ ▬▬▬ ▬▬ ▬▬▬ ▬ ▬▬▬▬ ▬▬ ▬▬▬ ▬▬ ▬ ▬▬▬▬▬ ▬▬ ▬▬▬ ▬▬ ▬▬▬ ▬ ▬▬▬▬ ▬▬ ▬▬▬ ▬▬ ▬ ▬▬▬▬▬ ▬▬ ▬▬▬ ▬▬ ▬▬▬ ▬ ▬▬▬▬ ▬▬ ▬▬▬ ▬▬ ▬ ▬▬▬▬▬ ▬▬ ▬▬▬
MCKENZIE AND WILLIS, AUCTIONEERS AND HOUSE FURNISHERS,
CATHEDRAL SQUARE (NEXT POST OFFICE).
▬▬ ▬▬▬ ▬ ▬▬▬▬ ▬▬ ▬▬▬ ▬▬ ▬ ▬▬▬▬▬ ▬▬ ▬▬▬ ▬▬ ▬▬▬ ▬ ▬▬▬▬ ▬▬ ▬▬▬ ▬▬ ▬ ▬▬▬▬▬ ▬▬ ▬▬▬ ▬▬ ▬▬▬ ▬ ▬▬▬▬ ▬▬ ▬▬▬ ▬▬ ▬ ▬▬▬▬▬ ▬▬ ▬▬▬
THE BEST ECONOMY IS SHOWN BY CAREFUL BUYING
▬▬ ▬▬▬ ▬ ▬▬▬▬ ▬▬ ▬▬▬ ▬▬ ▬ ▬▬▬▬▬ ▬▬ ▬▬▬ ▬▬ ▬▬▬ ▬ ▬▬▬▬ ▬▬ ▬▬▬ ▬▬ ▬ ▬▬▬▬▬ ▬▬ ▬▬▬ ▬▬ ▬▬▬ ▬ ▬▬▬▬ ▬▬ ▬▬▬ ▬▬ ▬ ▬▬▬▬▬ ▬▬ ▬▬▬ ▬▬ ▬▬▬ ▬ ▬▬▬▬ ▬▬ ▬▬▬ ▬▬ ▬ ▬▬▬▬▬ ▬▬ ▬▬▬
INSPECT OUR
▬▬ ▬▬▬ ▬ ▬▬▬▬ ▬▬ ▬▬▬ ▬▬ ▬ ▬▬▬▬▬ ▬▬ ▬▬▬ ▬▬ ▬▬▬ ▬ ▬▬▬▬ ▬▬ ▬▬▬ ▬▬ ▬ ▬▬▬▬▬ ▬▬ ▬▬▬ ▬▬ ▬▬▬ ▬ ▬▬▬▬ ▬▬ ▬▬▬ ▬▬ ▬ ▬▬▬▬▬ ▬▬ ▬▬▬ ▬▬ ▬▬▬ ▬ ▬▬▬▬ ▬▬ ▬▬▬ ▬▬ ▬ ▬▬▬▬▬ ▬▬ ▬▬▬ ▬▬ ▬▬▬ ▬ ▬▬▬▬ ▬▬ ▬▬▬ ▬▬ ▬ ▬▬▬▬▬ ▬▬ ▬▬▬
HOUSEHOLD FURNISHINGS
▬▬ ▬▬▬ ▬ ▬▬▬▬ ▬▬ ▬▬▬ ▬▬ ▬ ▬▬▬▬▬ ▬▬ ▬▬▬ ▬▬ ▬▬▬ ▬ ▬▬▬▬ ▬▬ ▬▬▬ ▬▬ ▬ ▬▬▬▬▬ ▬▬ ▬▬▬ ▬▬ ▬▬▬ ▬ ▬▬▬▬ ▬▬ ▬▬▬ ▬▬ ▬ ▬▬▬▬▬ ▬▬ ▬▬▬ ▬▬ ▬▬▬ ▬ ▬▬▬▬ ▬▬ ▬▬▬ ▬▬ ▬ ▬▬▬▬▬ ▬▬ ▬▬▬ ▬▬ ▬▬▬ ▬ ▬▬▬▬ ▬▬ ▬▬▬ ▬▬ ▬ ▬▬▬▬▬ ▬▬ ▬▬▬ ▬▬ ▬▬▬ ▬ ▬▬▬▬ ▬▬ ▬▬▬ ▬▬ ▬ ▬▬▬▬▬ ▬▬ ▬▬▬
TAPESTRY RUNNERS
▬▬ ▬▬▬ ▬ ▬▬▬▬ ▬▬ ▬▬▬ ▬▬ ▬ ▬▬▬▬▬ ▬▬ ▬▬▬ ▬▬ ▬▬▬ ▬ ▬▬▬▬ ▬▬ ▬▬▬ ▬▬ ▬ ▬▬▬▬▬ ▬▬ ▬▬▬ ▬▬ ▬▬▬ ▬ ▬▬▬▬ ▬▬ ▬▬▬ ▬▬ ▬ ▬▬▬▬▬ ▬▬ ▬▬▬ ▬▬ ▬▬▬ ▬ ▬▬▬▬ ▬▬ ▬▬▬ ▬▬ ▬ ▬▬▬▬▬ ▬▬ ▬▬▬ ▬▬ ▬▬▬ ▬ ▬▬▬▬ ▬▬ ▬▬▬ ▬▬ ▬ ▬▬▬▬▬ ▬▬ ▬▬▬ ▬▬ ▬▬▬ ▬ ▬▬▬▬ ▬▬ ▬▬▬ ▬▬ ▬ ▬▬▬▬▬ ▬▬ ▬▬▬ ▬▬ ▬▬▬ ▬ ▬▬▬▬ ▬▬ ▬▬▬ ▬▬ ▬ ▬▬▬▬▬ ▬▬ ▬▬▬
CARPETS—
▬▬ ▬▬▬ ▬ ▬▬▬▬ ▬▬ ▬▬▬ ▬▬ ▬ ▬▬▬▬▬ ▬▬ ▬▬▬ ▬▬ ▬▬▬ ▬ ▬▬▬▬ ▬▬ ▬▬▬ ▬▬ ▬ ▬▬▬▬▬ ▬▬ ▬▬▬ ▬▬ ▬▬▬ ▬ ▬▬▬▬ ▬▬ ▬▬▬ ▬▬ ▬ ▬▬▬▬▬ ▬▬ ▬▬▬
HEARTHRUGS AND SLIP MATS—
▬▬ ▬▬▬ ▬ ▬▬▬▬ ▬▬ ▬▬▬ ▬▬ ▬ ▬▬▬▬▬ ▬▬ ▬▬▬ ▬▬ ▬▬▬ ▬ ▬▬▬▬ ▬▬ ▬▬▬ ▬▬ ▬ ▬▬▬▬▬ ▬▬ ▬▬▬ ▬▬ ▬▬▬ ▬ ▬▬▬▬ ▬▬ ▬▬▬ ▬▬ ▬ ▬▬▬▬▬ ▬▬ ▬▬▬ ▬▬ ▬▬▬ ▬ ▬▬▬▬ ▬▬ ▬▬▬ ▬▬ ▬ ▬▬▬▬▬ ▬▬ ▬▬▬
LINOLEUMS!
▬▬ ▬▬▬ ▬ ▬▬▬▬ ▬▬ ▬▬▬ ▬▬ ▬ ▬▬▬▬▬ ▬▬ ▬▬▬ ▬▬ ▬▬▬ ▬ ▬▬▬▬ ▬▬ ▬▬▬ ▬▬ ▬ ▬▬▬▬▬ ▬▬ ▬▬▬ ▬▬ ▬▬▬ ▬ ▬▬▬▬ ▬▬ ▬▬▬ ▬▬ ▬ ▬▬▬▬▬ ▬▬ ▬▬▬ ▬▬ ▬▬▬ ▬ ▬▬▬▬ ▬▬ ▬▬▬ ▬▬ ▬ ▬▬▬▬▬ ▬▬ ▬▬▬ ▬▬ ▬▬▬ ▬ ▬▬▬▬ ▬▬ ▬▬▬ ▬▬ ▬ ▬▬▬▬▬ ▬▬ ▬▬▬
CURTAININGS—
▬▬ ▬▬▬ ▬ ▬▬▬▬ ▬▬ ▬▬▬ ▬▬ ▬ ▬▬▬▬▬ ▬▬ ▬▬▬ ▬▬ ▬▬▬ ▬ ▬▬▬▬ ▬▬ ▬▬▬ ▬▬ ▬ ▬▬▬▬▬ ▬▬ ▬▬▬ ▬▬ ▬▬▬ ▬ ▬▬▬▬ ▬▬ ▬▬▬ ▬▬ ▬ ▬▬▬▬▬ ▬▬ ▬▬▬ ▬▬ ▬▬▬ ▬ ▬▬▬▬ ▬▬ ▬▬▬ ▬▬ ▬ ▬▬▬▬▬ ▬▬ ▬▬▬ ▬▬ ▬▬▬ ▬ ▬▬▬▬ ▬▬ ▬▬▬ ▬▬ ▬ ▬▬▬▬▬ ▬▬ ▬▬▬ ▬▬ ▬▬▬ ▬ ▬▬▬▬ ▬▬ ▬▬▬ ▬▬ ▬ ▬▬▬▬▬ ▬▬ ▬▬▬
WE CORDIALLY INVITE YOU TO MAKE AN INSPECTION
▬▬ ▬▬▬ ▬ ▬▬▬▬ ▬▬ ▬▬▬ ▬▬ ▬ ▬▬▬▬▬ ▬▬ ▬▬▬ ▬▬ ▬▬▬ ▬ ▬▬▬▬ ▬▬ ▬▬▬ ▬▬ ▬ ▬▬▬▬▬ ▬▬ ▬▬▬ ▬▬ ▬▬▬ ▬ ▬▬▬▬ ▬▬ ▬▬▬ ▬▬ ▬ ▬▬▬▬▬ ▬▬ ▬▬▬ ▬▬ ▬▬▬ ▬ ▬▬▬▬ ▬▬ ▬▬▬ ▬▬ ▬ ▬▬▬▬▬ ▬▬ ▬▬▬ ▬▬ ▬▬▬ ▬ ▬▬▬▬ ▬▬ ▬▬▬ ▬▬ ▬ ▬▬▬▬▬ ▬▬ ▬▬▬ ▬▬ ▬▬▬ ▬ ▬▬▬▬ ▬▬ ▬▬▬ ▬▬ ▬ ▬▬▬▬▬ ▬▬ ▬▬▬ ▬▬ ▬▬▬ ▬ ▬▬▬▬ ▬▬ ▬▬▬ ▬▬ ▬ ▬▬▬▬▬ ▬▬ ▬▬▬
EASY TERMS OF PURCHASE IF DESIRED.
▬▬ ▬▬▬ ▬ ▬▬▬▬ ▬▬ ▬▬▬ ▬▬ ▬ ▬▬▬▬▬ ▬▬ ▬▬▬ ▬▬ ▬▬▬ ▬ ▬▬▬▬ ▬▬ ▬▬▬ ▬▬ ▬ ▬▬▬▬▬ ▬▬ ▬▬▬ ▬▬ ▬▬▬ ▬ ▬▬▬▬ ▬▬ ▬▬▬ ▬▬ ▬ ▬▬▬▬▬ ▬▬ ▬▬▬
MCKENZIE AND WILLIS,
▬▬ ▬▬▬ ▬ ▬▬▬▬ ▬▬ ▬▬▬ ▬▬ ▬ ▬▬▬▬▬ ▬▬ ▬▬▬ ▬▬ ▬▬▬ ▬ ▬▬▬▬ ▬▬ ▬▬▬ ▬▬ ▬ ▬▬▬▬▬ ▬▬ ▬▬▬ ▬▬ ▬▬▬ ▬ ▬▬▬▬ ▬▬ ▬▬▬ ▬▬ ▬ ▬▬▬▬▬ ▬▬ ▬▬▬ ▬▬ ▬▬▬ ▬ ▬▬▬▬ ▬▬ ▬▬▬ ▬▬ ▬ ▬▬▬▬▬ ▬▬ ▬▬▬
NEW ZEALAND LOAN AND MERCANTILE AGENCY CO., LTD.
WHAKATANE BUSINESS SITES.
▬▬ ▬▬▬ ▬ ▬▬▬▬ ▬▬ ▬▬▬ ▬▬ ▬ ▬▬▬▬▬ ▬▬ ▬▬▬ ▬▬ ▬▬▬ ▬ ▬▬▬▬ ▬▬ ▬▬▬ ▬▬ ▬ ▬▬▬▬▬ ▬▬ ▬▬▬ ▬▬ ▬▬▬ ▬ ▬▬▬▬ ▬▬ ▬▬▬ ▬▬ ▬ ▬▬▬▬▬ ▬▬ ▬▬▬ ▬▬ ▬▬▬ ▬ ▬▬▬▬ ▬▬ ▬▬▬ ▬▬ ▬ ▬▬▬▬▬ ▬▬ ▬▬▬ ▬▬ ▬▬▬ ▬ ▬▬▬▬ ▬▬ ▬▬▬ ▬▬ ▬ ▬▬▬▬▬ ▬▬ ▬▬▬
SALE OF HARBOUR BOARD LEASES.
▬▬ ▬▬▬ ▬ ▬▬▬▬ ▬▬ ▬▬▬ ▬▬ ▬ ▬▬▬▬▬ ▬▬ ▬▬▬ ▬▬ ▬▬▬ ▬ ▬▬▬▬ ▬▬ ▬▬▬ ▬▬ ▬ ▬▬▬▬▬ ▬▬ ▬▬▬ ▬▬ ▬▬▬ ▬ ▬▬▬▬ ▬▬ ▬▬▬ ▬▬ ▬ ▬▬▬▬▬ ▬▬ ▬▬▬ ▬▬ ▬▬▬ ▬ ▬▬▬▬ ▬▬ ▬▬▬ ▬▬ ▬ ▬▬▬▬▬ ▬▬ ▬▬▬ ▬▬ ▬▬▬ ▬ ▬▬▬▬ ▬▬ ▬▬▬ ▬▬ ▬ ▬▬▬▬▬ ▬▬ ▬▬▬ ▬▬ ▬▬▬ ▬ ▬▬▬▬ ▬▬ ▬▬▬ ▬▬ ▬ ▬▬▬▬▬ ▬▬ ▬▬▬
PERPETUAL LEASES AT LOW RENTALS.
▬▬ ▬▬▬ ▬ ▬▬▬▬ ▬▬ ▬▬▬ ▬▬ ▬ ▬▬▬▬▬ ▬▬ ▬▬▬ ▬▬ ▬▬▬ ▬ ▬▬▬▬ ▬▬ ▬▬▬ ▬▬ ▬ ▬▬▬▬▬ ▬▬ ▬▬▬ ▬▬ ▬▬▬ ▬ ▬▬▬▬ ▬▬ ▬▬▬ ▬▬ ▬ ▬▬▬▬▬ ▬▬ ▬▬▬ ▬▬ ▬▬▬ ▬ ▬▬▬▬ ▬▬ ▬▬▬ ▬▬ ▬ ▬▬▬▬▬ ▬▬ ▬▬▬ ▬▬ ▬▬▬ ▬ ▬▬▬▬ ▬▬ ▬▬▬ ▬▬ ▬ ▬▬▬▬▬ ▬▬ ▬▬▬ ▬▬ ▬▬▬ ▬ ▬▬▬▬ ▬▬ ▬▬▬ ▬▬ ▬ ▬▬▬▬▬ ▬▬ ▬▬▬ ▬▬ ▬▬▬ ▬ ▬▬▬▬ ▬▬ ▬▬▬ ▬▬ ▬ ▬▬▬▬▬ ▬▬ ▬▬▬
CHANCE OF A LIFETIME.
▬▬ ▬▬▬ ▬ ▬▬▬▬ ▬▬ ▬▬▬ ▬▬ ▬ ▬▬▬▬▬ ▬▬ ▬▬▬ ▬▬ ▬▬▬ ▬ ▬▬▬▬ ▬▬ ▬▬▬ ▬▬ ▬ ▬▬▬▬▬ ▬▬ ▬▬▬ ▬▬ ▬▬▬ ▬ ▬▬▬▬ ▬▬ ▬▬▬ ▬▬ ▬ ▬▬▬▬▬ ▬▬ ▬▬▬
NATIONAL MORTGAGE & AGENCY COMPANY OF N.Z., LTD.
HARVEST, 1918. GRAIN GROWERS NOTE.
▬▬ ▬▬▬ ▬ ▬▬▬▬ ▬▬ ▬▬▬ ▬▬ ▬ ▬▬▬▬▬ ▬▬ ▬▬▬ ▬▬ ▬▬▬ ▬ ▬▬▬▬ ▬▬ ▬▬▬ ▬▬ ▬ ▬▬▬▬▬ ▬▬ ▬▬▬ ▬▬ ▬▬▬ ▬ ▬▬▬▬ ▬▬ ▬▬▬ ▬▬ ▬ ▬▬▬▬▬ ▬▬ ▬▬▬ ▬▬ ▬▬▬ ▬ ▬▬▬▬ ▬▬ ▬▬▬ ▬▬ ▬ ▬▬▬▬▬ ▬▬ ▬▬▬
PILKINGTON'S ROYAL MAIL MOTORS.
DAILY SERVICE.
▬▬ ▬▬▬ ▬ ▬▬▬▬ ▬▬ ▬▬▬ ▬▬ ▬ ▬▬▬▬▬ ▬▬ ▬▬▬ ▬▬ ▬▬▬ ▬ ▬▬▬▬ ▬▬ ▬▬▬ ▬▬ ▬ ▬▬▬▬▬ ▬▬ ▬▬▬ ▬▬ ▬▬▬ ▬ ▬▬▬▬ ▬▬ ▬▬▬ ▬▬ ▬ ▬▬▬▬▬ ▬▬ ▬▬▬ ▬▬ ▬▬▬ ▬ ▬▬▬▬ ▬▬ ▬▬▬ ▬▬ ▬ ▬▬▬▬▬ ▬▬ ▬▬▬ ▬▬ ▬▬▬ ▬ ▬▬▬▬ ▬▬ ▬▬▬ ▬▬ ▬ ▬▬▬▬▬ ▬▬ ▬▬▬
AUCTIONS.
R. S. MCKENZIE AND CO.
HOUSE AND LAND AGENTS, LICENSED LAND BROKERS, AUCTIONEERS, VALUATORS, AND GENERAL FURNISHERS,
▬▬ ▬▬▬ ▬ ▬▬▬▬ ▬▬ ▬▬▬ ▬▬ ▬ ▬▬▬▬▬ ▬▬ ▬▬▬ ▬▬ ▬▬▬ ▬ ▬▬▬▬ ▬▬ ▬▬▬ ▬▬ ▬ ▬▬▬▬▬ ▬▬ ▬▬▬ ▬▬ ▬▬▬ ▬ ▬▬▬▬ ▬▬ ▬▬▬ ▬▬ ▬ ▬▬▬▬▬ ▬▬ ▬▬▬ ▬▬ ▬▬▬ ▬ ▬▬▬▬ ▬▬ ▬▬▬ ▬▬ ▬ ▬▬▬▬▬ ▬▬ ▬▬▬ ▬▬ ▬▬▬ ▬ ▬▬▬▬ ▬▬ ▬▬▬ ▬▬ ▬ ▬▬▬▬▬ ▬▬ ▬▬▬ ▬▬ ▬▬▬ ▬ ▬▬▬▬ ▬▬ ▬▬▬ ▬▬ ▬ ▬▬▬▬▬ ▬▬ ▬▬▬ ▬▬ ▬▬▬ ▬ ▬▬▬▬ ▬▬ ▬▬▬ ▬▬ ▬ ▬▬▬▬▬ ▬▬ ▬▬▬
£700
▬▬ ▬▬▬ ▬ ▬▬▬▬ ▬▬ ▬▬▬ ▬▬ ▬ ▬▬▬▬▬ ▬▬ ▬▬▬ ▬▬ ▬▬▬ ▬ ▬▬▬▬ ▬▬ ▬▬▬ ▬▬ ▬ ▬▬▬▬▬ ▬▬ ▬▬▬
£600
▬▬ ▬▬▬ ▬ ▬▬▬▬ ▬▬ ▬▬▬ ▬▬ ▬ ▬▬▬▬▬ ▬▬ ▬▬▬ ▬▬ ▬▬▬ ▬ ▬▬▬▬ ▬▬ ▬▬▬ ▬▬ ▬ ▬▬▬▬▬ ▬▬ ▬▬▬
R. S. MCKENZIE AND CO.
▬▬ ▬▬▬ ▬ ▬▬▬▬ ▬▬ ▬▬▬ ▬▬ ▬ ▬▬▬▬▬ ▬▬ ▬▬▬ ▬▬ ▬▬▬ ▬ ▬▬▬▬ ▬▬ ▬▬▬ ▬▬ ▬ ▬▬▬▬▬ ▬▬ ▬▬▬ ▬▬ ▬▬▬ ▬ ▬▬▬▬ ▬▬ ▬▬▬ ▬▬ ▬ ▬▬▬▬▬ ▬▬ ▬▬▬ ▬▬ ▬▬▬ ▬ ▬▬▬▬ ▬▬ ▬▬▬ ▬▬ ▬ ▬▬▬▬▬ ▬▬ ▬▬▬ ▬▬ ▬▬▬ ▬ ▬▬▬▬ ▬▬ ▬▬▬ ▬▬ ▬ ▬▬▬▬▬ ▬▬ ▬▬▬
N.Z. FARMERS' CO-OP. ASSOCIATION, LIMITED.
PEDIGREE SHEEP.
▬▬ ▬▬▬ ▬ ▬▬▬▬ ▬▬ ▬▬▬ ▬▬ ▬ ▬▬▬▬▬ ▬▬ ▬▬▬ ▬▬ ▬▬▬ ▬ ▬▬▬▬ ▬▬ ▬▬▬ ▬▬ ▬ ▬▬▬▬▬ ▬▬ ▬▬▬ ▬▬ ▬▬▬ ▬ ▬▬▬▬ ▬▬ ▬▬▬ ▬▬ ▬ ▬▬▬▬▬ ▬▬ ▬▬▬ ▬▬ ▬▬▬ ▬ ▬▬▬▬ ▬▬ ▬▬▬ ▬▬ ▬ ▬▬▬▬▬ ▬▬ ▬▬▬ ▬▬ ▬▬▬ ▬ ▬▬▬▬ ▬▬ ▬▬▬ ▬▬ ▬ ▬▬▬▬▬ ▬▬ ▬▬▬ ▬▬ ▬▬▬ ▬ ▬▬▬▬ ▬▬ ▬▬▬ ▬▬ ▬ ▬▬▬▬▬ ▬▬ ▬▬▬
AT ADDINGTON,
ON WEDNESDAY, MARCH 20th
▬▬ ▬▬▬ ▬ ▬▬▬▬ ▬▬ ▬▬▬ ▬▬ ▬ ▬▬▬▬▬ ▬▬ ▬▬▬ ▬▬ ▬▬▬ ▬ ▬▬▬▬ ▬▬ ▬▬▬ ▬▬ ▬ ▬▬▬▬▬ ▬▬ ▬▬▬ ▬▬ ▬▬▬ ▬ ▬▬▬▬ ▬▬ ▬▬▬ ▬▬ ▬ ▬▬▬▬▬ ▬▬ ▬▬▬ ▬▬ ▬▬▬ ▬ ▬▬▬▬ ▬▬ ▬▬▬ ▬▬ ▬ ▬▬▬▬▬ ▬▬ ▬▬▬ ▬▬ ▬▬▬ ▬ ▬▬▬▬ ▬▬ ▬▬▬ ▬▬ ▬ ▬▬▬▬▬ ▬▬ ▬▬▬ ▬▬ ▬▬▬ ▬ ▬▬▬▬ ▬▬ ▬▬▬ ▬▬ ▬ ▬▬▬▬▬ ▬▬ ▬▬▬ ▬▬ ▬▬▬ ▬ ▬▬▬▬ ▬▬ ▬▬▬ ▬▬ ▬ ▬▬▬▬▬ ▬▬ ▬▬▬
H. B. SORENSEN.
THIS DAY THURSDAY, MARCH 7th, Sale 11 o'clock.
▬▬ ▬▬▬ ▬ ▬▬▬▬ ▬▬ ▬▬▬ ▬▬ ▬ ▬▬▬▬▬ ▬▬ ▬▬▬ ▬▬ ▬▬▬ ▬ ▬▬▬▬ ▬▬ ▬▬▬ ▬▬ ▬ ▬▬▬▬▬ ▬▬ ▬▬▬ ▬▬ ▬▬▬ ▬ ▬▬▬▬ ▬▬ ▬▬▬ ▬▬ ▬ ▬▬▬▬▬ ▬▬ ▬▬▬
CLARIDGE AND SMITH,
▬▬ ▬▬▬ ▬ ▬▬▬▬ ▬▬ ▬▬▬ ▬▬ ▬ ▬▬▬▬▬ ▬▬ ▬▬▬ ▬▬ ▬▬▬ ▬ ▬▬▬▬ ▬▬ ▬▬▬ ▬▬ ▬ ▬▬▬▬▬ ▬▬ ▬▬▬ ▬▬ ▬▬▬ ▬ ▬▬▬▬ ▬▬ ▬▬▬ ▬▬ ▬ ▬▬▬▬▬ ▬▬ ▬▬▬ ▬▬ ▬▬▬ ▬ ▬▬▬▬ ▬▬ ▬▬▬ ▬▬ ▬ ▬▬▬▬▬ ▬▬ ▬▬▬
FARMERS' SALEYARDS,
PUBLIC AUCTION.
▬▬ ▬▬▬ ▬ ▬▬▬▬ ▬▬ ▬▬▬ ▬▬ ▬ ▬▬▬▬▬ ▬▬ ▬▬▬ ▬▬ ▬▬▬ ▬ ▬▬▬▬ ▬▬ ▬▬▬ ▬▬ ▬ ▬▬▬▬▬ ▬▬ ▬▬▬ ▬▬ ▬▬▬ ▬ ▬▬▬▬ ▬▬ ▬▬▬ ▬▬ ▬ ▬▬▬▬▬ ▬▬ ▬▬▬ ▬▬ ▬▬▬ ▬ ▬▬▬▬ ▬▬ ▬▬▬ ▬▬ ▬ ▬▬▬▬▬ ▬▬ ▬▬▬ ▬▬ ▬▬▬ ▬ ▬▬▬▬ ▬▬ ▬▬▬ ▬▬ ▬ ▬▬▬▬▬ ▬▬ ▬▬▬
CLARIDGE AND SMITH,
Auctioneers.
▬▬ ▬▬▬ ▬ ▬▬▬▬ ▬▬ ▬▬▬ ▬▬ ▬ ▬▬▬▬▬ ▬▬ ▬▬▬ ▬▬ ▬▬▬ ▬ ▬▬▬▬ ▬▬ ▬▬▬ ▬▬ ▬ ▬▬▬▬▬ ▬▬ ▬▬▬ ▬▬ ▬▬▬ ▬ ▬▬▬▬ ▬▬ ▬▬▬ ▬▬ ▬ ▬▬▬▬▬ ▬▬ ▬▬▬ ▬▬ ▬▬▬ ▬ ▬▬▬▬ ▬▬ ▬▬▬ ▬▬ ▬ ▬▬▬▬▬ ▬▬ ▬▬▬ ▬▬ ▬▬▬ ▬ ▬▬▬▬ ▬▬ ▬▬▬ ▬▬ ▬ ▬▬▬▬▬ ▬▬ ▬▬▬ ▬▬ ▬▬▬ ▬ ▬▬▬▬ ▬▬ ▬▬▬ ▬▬ ▬ ▬▬▬▬▬ ▬▬ ▬▬▬
ROYAL MAIL COACHES.
GERALDINE-ORARI SERVICE.
▬▬ ▬▬▬ ▬ ▬▬▬▬ ▬▬ ▬▬▬ ▬▬ ▬ ▬▬▬▬▬ ▬▬ ▬▬▬ ▬▬ ▬▬▬ ▬ ▬▬▬▬ ▬▬ ▬▬▬ ▬▬ ▬ ▬▬▬▬▬ ▬▬ ▬▬▬ ▬▬ ▬▬▬ ▬ ▬▬▬▬ ▬▬ ▬▬▬ ▬▬ ▬ ▬▬▬▬▬ ▬▬ ▬▬▬ ▬▬ ▬▬▬ ▬ ▬▬▬▬ ▬▬ ▬▬▬ ▬▬ ▬ ▬▬▬▬▬ ▬▬ ▬▬▬ ▬▬ ▬▬▬ ▬ ▬▬▬▬ ▬▬ ▬▬▬ ▬▬ ▬ ▬▬▬▬▬ ▬▬ ▬▬▬ ▬▬ ▬▬▬ ▬ ▬▬▬▬ ▬▬ ▬▬▬ ▬▬ ▬ ▬▬▬▬▬ ▬▬ ▬▬▬ ▬▬ ▬▬▬ ▬ ▬▬▬▬ ▬▬ ▬▬▬ ▬▬ ▬ ▬▬▬▬▬ ▬▬ ▬▬▬
PROPERTIES FOR SALE.
ALLAN HOPKINS.
LAND, ESTATE, STOCK AND STATION AGENT, AND VALUATOR, CATHEDRAL SQUARE AND HEREFORD STREET.
▬▬ ▬▬▬ ▬ ▬▬▬▬ ▬▬ ▬▬▬ ▬▬ ▬ ▬▬▬▬▬ ▬▬ ▬▬▬ ▬▬ ▬▬▬ ▬ ▬▬▬▬ ▬▬ ▬▬▬ ▬▬ ▬ ▬▬▬▬▬ ▬▬ ▬▬▬ ▬▬ ▬▬▬ ▬ ▬▬▬▬ ▬▬ ▬▬▬ ▬▬ ▬ ▬▬▬▬▬ ▬▬ ▬▬▬
FOR SALE OR EXCHANGE.
▬▬ ▬▬▬ ▬ ▬▬▬▬ ▬▬ ▬▬▬ ▬▬ ▬ ▬▬▬▬▬ ▬▬ ▬▬▬ ▬▬ ▬▬▬ ▬ ▬▬▬▬ ▬▬ ▬▬▬ ▬▬ ▬ ▬▬▬▬▬ ▬▬ ▬▬▬ ▬▬ ▬▬▬ ▬ ▬▬▬▬ ▬▬ ▬▬▬ ▬▬ ▬ ▬▬▬▬▬ ▬▬ ▬▬▬ ▬▬ ▬▬▬ ▬ ▬▬▬▬ ▬▬ ▬▬▬ ▬▬ ▬ ▬▬▬▬▬ ▬▬ ▬▬▬
FOR SALE OR TO LET.
▬▬ ▬▬▬ ▬ ▬▬▬▬ ▬▬ ▬▬▬ ▬▬ ▬ ▬▬▬▬▬ ▬▬ ▬▬▬ ▬▬ ▬▬▬ ▬ ▬▬▬▬ ▬▬ ▬▬▬ ▬▬ ▬ ▬▬▬▬▬ ▬▬ ▬▬▬ ▬▬ ▬▬▬ ▬ ▬▬▬▬ ▬▬ ▬▬▬ ▬▬ ▬ ▬▬▬▬▬ ▬▬ ▬▬▬ ▬▬ ▬▬▬ ▬ ▬▬▬▬ ▬▬ ▬▬▬ ▬▬ ▬ ▬▬▬▬▬ ▬▬ ▬▬▬ ▬▬ ▬▬▬ ▬ ▬▬▬▬ ▬▬ ▬▬▬ ▬▬ ▬ ▬▬▬▬▬ ▬▬ ▬▬▬
FOR SALE OR EXCHANGE.
▬▬ ▬▬▬ ▬ ▬▬▬▬ ▬▬ ▬▬▬ ▬▬ ▬ ▬▬▬▬▬ ▬▬ ▬▬▬ ▬▬ ▬▬▬ ▬ ▬▬▬▬ ▬▬ ▬▬▬ ▬▬ ▬ ▬▬▬▬▬ ▬▬ ▬▬▬ ▬▬ ▬▬▬ ▬ ▬▬▬▬ ▬▬ ▬▬▬ ▬▬ ▬ ▬▬▬▬▬ ▬▬ ▬▬▬ ▬▬ ▬▬▬ ▬ ▬▬▬▬ ▬▬ ▬▬▬ ▬▬ ▬ ▬▬▬▬▬ ▬▬ ▬▬▬ ▬▬ ▬▬▬ ▬ ▬▬▬▬ ▬▬ ▬▬▬ ▬▬ ▬ ▬▬▬▬▬ ▬▬ ▬▬▬ ▬▬ ▬▬▬ ▬ ▬▬▬▬ ▬▬ ▬▬▬ ▬▬ ▬ ▬▬▬▬▬ ▬▬ ▬▬▬
190 ACRES, SPRINGSTON DISTRICT.
▬▬ ▬▬▬ ▬ ▬▬▬▬ ▬▬ ▬▬▬ ▬▬ ▬ ▬▬▬▬▬ ▬▬ ▬▬▬ ▬▬ ▬▬▬ ▬ ▬▬▬▬ ▬▬ ▬▬▬ ▬▬ ▬ ▬▬▬▬▬ ▬▬ ▬▬▬ ▬▬ ▬▬▬ ▬ ▬▬▬▬ ▬▬ ▬▬▬ ▬▬ ▬ ▬▬▬▬▬ ▬▬ ▬▬▬ ▬▬ ▬▬▬ ▬ ▬▬▬▬ ▬▬ ▬▬▬ ▬▬ ▬ ▬▬▬▬▬ ▬▬ ▬▬▬ ▬▬ ▬▬▬ ▬ ▬▬▬▬ ▬▬ ▬▬▬ ▬▬ ▬ ▬▬▬▬▬ ▬▬ ▬▬▬ ▬▬ ▬▬▬ ▬ ▬▬▬▬ ▬▬ ▬▬▬ ▬▬ ▬ ▬▬▬▬▬ ▬▬ ▬▬▬ ▬▬ ▬▬▬ ▬ ▬▬▬▬ ▬▬ ▬▬▬ ▬▬ ▬ ▬▬▬▬▬ ▬▬ ▬▬▬
300 ACRES, SOUTH CANTERBURY.
▬▬ ▬▬▬ ▬ ▬▬▬▬ ▬▬ ▬▬▬ ▬▬ ▬ ▬▬▬▬▬ ▬▬ ▬▬▬ ▬▬ ▬▬▬ ▬ ▬▬▬▬ ▬▬ ▬▬▬ ▬▬ ▬ ▬▬▬▬▬ ▬▬ ▬▬▬ ▬▬ ▬▬▬ ▬ ▬▬▬▬ ▬▬ ▬▬▬ ▬▬ ▬ ▬▬▬▬▬ ▬▬ ▬▬▬
A GOOD OPPORTUNITY TO ACQUIRE A LARGE AND CHEAP SHEEP FARM.
▬▬ ▬▬▬ ▬ ▬▬▬▬ ▬▬ ▬▬▬ ▬▬ ▬ ▬▬▬▬▬ ▬▬ ▬▬▬ ▬▬ ▬▬▬ ▬ ▬▬▬▬ ▬▬ ▬▬▬ ▬▬ ▬ ▬▬▬▬▬ ▬▬ ▬▬▬ ▬▬ ▬▬▬ ▬ ▬▬▬▬ ▬▬ ▬▬▬ ▬▬ ▬ ▬▬▬▬▬ ▬▬ ▬▬▬ ▬▬ ▬▬▬ ▬ ▬▬▬▬ ▬▬ ▬▬▬ ▬▬ ▬ ▬▬▬▬▬ ▬▬ ▬▬▬
HILLARY AND BAXTER.
ESTATE AGENTS AND LAND BROKERS.
▬▬ ▬▬▬ ▬ ▬▬▬▬ ▬▬ ▬▬▬ ▬▬ ▬ ▬▬▬▬▬ ▬▬ ▬▬▬ ▬▬ ▬▬▬ ▬ ▬▬▬▬ ▬▬ ▬▬▬ ▬▬ ▬ ▬▬▬▬▬ ▬▬ ▬▬▬ ▬▬ ▬▬▬ ▬ ▬▬▬▬ ▬▬ ▬▬▬ ▬▬ ▬ ▬▬▬▬▬ ▬▬ ▬▬▬ ▬▬ ▬▬▬ ▬ ▬▬▬▬ ▬▬ ▬▬▬ ▬▬ ▬ ▬▬▬▬▬ ▬▬ ▬▬▬ ▬▬ ▬▬▬ ▬ ▬▬▬▬ ▬▬ ▬▬▬ ▬▬ ▬ ▬▬▬▬▬ ▬▬ ▬▬▬
BEST POSITION IN ST. ALBANS.
THE LATEST IN ART BUNGALOWS.
▬▬ ▬▬▬ ▬ ▬▬▬▬ ▬▬ ▬▬▬ ▬▬ ▬ ▬▬▬▬▬ ▬▬ ▬▬▬ ▬▬ ▬▬▬ ▬ ▬▬▬▬ ▬▬ ▬▬▬ ▬▬ ▬ ▬▬▬▬▬ ▬▬ ▬▬▬ ▬▬ ▬▬▬ ▬ ▬▬▬▬ ▬▬ ▬▬▬ ▬▬ ▬ ▬▬▬▬▬ ▬▬ ▬▬▬ ▬▬ ▬▬▬ ▬ ▬▬▬▬ ▬▬ ▬▬▬ ▬▬ ▬ ▬▬▬▬▬ ▬▬ ▬▬▬ ▬▬ ▬▬▬ ▬ ▬▬▬▬ ▬▬ ▬▬▬ ▬▬ ▬ ▬▬▬▬▬ ▬▬ ▬▬▬ ▬▬ ▬▬▬ ▬ ▬▬▬▬ ▬▬ ▬▬▬ ▬▬ ▬ ▬▬▬▬▬ ▬▬ ▬▬▬
HIGHEST PART OF CHRISTCHURCH.
▬▬ ▬▬▬ ▬ ▬▬▬▬ ▬▬ ▬▬▬ ▬▬ ▬ ▬▬▬▬▬ ▬▬ ▬▬▬ ▬▬ ▬▬▬ ▬ ▬▬▬▬ ▬▬ ▬▬▬ ▬▬ ▬ ▬▬▬▬▬ ▬▬ ▬▬▬ ▬▬ ▬▬▬ ▬ ▬▬▬▬ ▬▬ ▬▬▬ ▬▬ ▬ ▬▬▬▬▬ ▬▬ ▬▬▬ ▬▬ ▬▬▬ ▬ ▬▬▬▬ ▬▬ ▬▬▬ ▬▬ ▬ ▬▬▬▬▬ ▬▬ ▬▬▬ ▬▬ ▬▬▬ ▬ ▬▬▬▬ ▬▬ ▬▬▬ ▬▬ ▬ ▬▬▬▬▬ ▬▬ ▬▬▬ ▬▬ ▬▬▬ ▬ ▬▬▬▬ ▬▬ ▬▬▬ ▬▬ ▬ ▬▬▬▬▬ ▬▬ ▬▬▬ ▬▬ ▬▬▬ ▬ ▬▬▬▬ ▬▬ ▬▬▬ ▬▬ ▬ ▬▬▬▬▬ ▬▬ ▬▬▬
£1670.
▬▬ ▬▬▬ ▬ ▬▬▬▬ ▬▬ ▬▬▬ ▬▬ ▬ ▬▬▬▬▬ ▬▬ ▬▬▬ ▬▬ ▬▬▬ ▬ ▬▬▬▬ ▬▬ ▬▬▬ ▬▬ ▬ ▬▬▬▬▬ ▬▬ ▬▬▬
HILLARY AND BAXTER,
▬▬ ▬▬▬ ▬ ▬▬▬▬ ▬▬ ▬▬▬ ▬▬ ▬ ▬▬▬▬▬ ▬▬ ▬▬▬ ▬▬ ▬▬▬ ▬ ▬▬▬▬ ▬▬ ▬▬▬ ▬▬ ▬ ▬▬▬▬▬ ▬▬ ▬▬▬ ▬▬ ▬▬▬ ▬ ▬▬▬▬ ▬▬ ▬▬▬ ▬▬ ▬ ▬▬▬▬▬ ▬▬ ▬▬▬ ▬▬ ▬▬▬ ▬ ▬▬▬▬ ▬▬ ▬▬▬ ▬▬ ▬ ▬▬▬▬▬ ▬▬ ▬▬▬
W. A. HORNE, LTD.
EXCHANGE FOR NORTHERN PROPERTIES.
▬▬ ▬▬▬ ▬ ▬▬▬▬ ▬▬ ▬▬▬ ▬▬ ▬ ▬▬▬▬▬ ▬▬ ▬▬▬ ▬▬ ▬▬▬ ▬ ▬▬▬▬ ▬▬ ▬▬▬ ▬▬ ▬ ▬▬▬▬▬ ▬▬ ▬▬▬ ▬▬ ▬▬▬ ▬ ▬▬▬▬ ▬▬ ▬▬▬ ▬▬ ▬ ▬▬▬▬▬ ▬▬ ▬▬▬ ▬▬ ▬▬▬ ▬ ▬▬▬▬ ▬▬ ▬▬▬ ▬▬ ▬ ▬▬▬▬▬ ▬▬ ▬▬▬ ▬▬ ▬▬▬ ▬ ▬▬▬▬ ▬▬ ▬▬▬ ▬▬ ▬ ▬▬▬▬▬ ▬▬ ▬▬▬
COBB AND CO.
TELEGRAPH LINE COACHES.
▬▬ ▬▬▬ ▬ ▬▬▬▬ ▬▬ ▬▬▬ ▬▬ ▬ ▬▬▬▬▬ ▬▬ ▬▬▬ ▬▬ ▬▬▬ ▬ ▬▬▬▬ ▬▬ ▬▬▬ ▬▬ ▬ ▬▬▬▬▬ ▬▬ ▬▬▬ ▬▬ ▬▬▬ ▬ ▬▬▬▬ ▬▬ ▬▬▬ ▬▬ ▬ ▬▬▬▬▬ ▬▬ ▬▬▬ ▬▬ ▬▬▬ ▬ ▬▬▬▬ ▬▬ ▬▬▬ ▬▬ ▬ ▬▬▬▬▬ ▬▬ ▬▬▬ ▬▬ ▬▬▬ ▬ ▬▬▬▬ ▬▬ ▬▬▬ ▬▬ ▬ ▬▬▬▬▬ ▬▬ ▬▬▬ ▬▬ ▬▬▬ ▬ ▬▬▬▬ ▬▬ ▬▬▬ ▬▬ ▬ ▬▬▬▬▬ ▬▬ ▬▬▬
PROPERTIES FOR SALE.
SMITH AND BRUERE,
ST. ALBANS BUNGALOW. OWNER LEAVING FOR NORTH ISLAND, AND MUST SELL WITHIN TEN DAYS.
▬▬ ▬▬▬ ▬ ▬▬▬▬ ▬▬ ▬▬▬ ▬▬ ▬ ▬▬▬▬▬ ▬▬ ▬▬▬ ▬▬ ▬▬▬ ▬ ▬▬▬▬ ▬▬ ▬▬▬ ▬▬ ▬ ▬▬▬▬▬ ▬▬ ▬▬▬ ▬▬ ▬▬▬ ▬ ▬▬▬▬ ▬▬ ▬▬▬ ▬▬ ▬ ▬▬▬▬▬ ▬▬ ▬▬▬ ▬▬ ▬▬▬ ▬ ▬▬▬▬ ▬▬ ▬▬▬ ▬▬ ▬ ▬▬▬▬▬ ▬▬ ▬▬▬
GOVERNMENT MORTGAGE.
▬▬ ▬▬▬ ▬ ▬▬▬▬ ▬▬ ▬▬▬ ▬▬ ▬ ▬▬▬▬▬ ▬▬ ▬▬▬ ▬▬ ▬▬▬ ▬ ▬▬▬▬ ▬▬ ▬▬▬ ▬▬ ▬ ▬▬▬▬▬ ▬▬ ▬▬▬ ▬▬ ▬▬▬ ▬ ▬▬▬▬ ▬▬ ▬▬▬ ▬▬ ▬ ▬▬▬▬▬ ▬▬ ▬▬▬ ▬▬ ▬▬▬ ▬ ▬▬▬▬ ▬▬ ▬▬▬ ▬▬ ▬ ▬▬▬▬▬ ▬▬ ▬▬▬ ▬▬ ▬▬▬ ▬ ▬▬▬▬ ▬▬ ▬▬▬ ▬▬ ▬ ▬▬▬▬▬ ▬▬ ▬▬▬
CLOSE CORONATION STREET CAR.
▬▬ ▬▬▬ ▬ ▬▬▬▬ ▬▬ ▬▬▬ ▬▬ ▬ ▬▬▬▬▬ ▬▬ ▬▬▬ ▬▬ ▬▬▬ ▬ ▬▬▬▬ ▬▬ ▬▬▬ ▬▬ ▬ ▬▬▬▬▬ ▬▬ ▬▬▬ ▬▬ ▬▬▬ ▬ ▬▬▬▬ ▬▬ ▬▬▬ ▬▬ ▬ ▬▬▬▬▬ ▬▬ ▬▬▬ ▬▬ ▬▬▬ ▬ ▬▬▬▬ ▬▬ ▬▬▬ ▬▬ ▬ ▬▬▬▬▬ ▬▬ ▬▬▬ ▬▬ ▬▬▬ ▬ ▬▬▬▬ ▬▬ ▬▬▬ ▬▬ ▬ ▬▬▬▬▬ ▬▬ ▬▬▬ ▬▬ ▬▬▬ ▬ ▬▬▬▬ ▬▬ ▬▬▬ ▬▬ ▬ ▬▬▬▬▬ ▬▬ ▬▬▬
£650.
▬▬ ▬▬▬ ▬ ▬▬▬▬ ▬▬ ▬▬▬ ▬▬ ▬ ▬▬▬▬▬ ▬▬ ▬▬▬ ▬▬ ▬▬▬ ▬ ▬▬▬▬ ▬▬ ▬▬▬ ▬▬ ▬ ▬▬▬▬▬ ▬▬ ▬▬▬
GOVERNMENT MORTGAGE.
TERMS ARRANGED.
▬▬ ▬▬▬ ▬ ▬▬▬▬ ▬▬ ▬▬▬ ▬▬ ▬ ▬▬▬▬▬ ▬▬ ▬▬▬ ▬▬ ▬▬▬ ▬ ▬▬▬▬ ▬▬ ▬▬▬ ▬▬ ▬ ▬▬▬▬▬ ▬▬ ▬▬▬ ▬▬ ▬▬▬ ▬ ▬▬▬▬ ▬▬ ▬▬▬ ▬▬ ▬ ▬▬▬▬▬ ▬▬ ▬▬▬
AN EXCEPTIONALLY CHEAP RESIDENCE.
FENDALTON.
▬▬ ▬▬▬ ▬ ▬▬▬▬ ▬▬ ▬▬▬ ▬▬ ▬ ▬▬▬▬▬ ▬▬ ▬▬▬ ▬▬ ▬▬▬ ▬ ▬▬▬▬ ▬▬ ▬▬▬ ▬▬ ▬ ▬▬▬▬▬ ▬▬ ▬▬▬ ▬▬ ▬▬▬ ▬ ▬▬▬▬ ▬▬ ▬▬▬ ▬▬ ▬ ▬▬▬▬▬ ▬▬ ▬▬▬ ▬▬ ▬▬▬ ▬ ▬▬▬▬ ▬▬ ▬▬▬ ▬▬ ▬ ▬▬▬▬▬ ▬▬ ▬▬▬
£950.
▬▬ ▬▬▬ ▬ ▬▬▬▬ ▬▬ ▬▬▬ ▬▬ ▬ ▬▬▬▬▬ ▬▬ ▬▬▬ ▬▬ ▬▬▬ ▬ ▬▬▬▬ ▬▬ ▬▬▬ ▬▬ ▬ ▬▬▬▬▬ ▬▬ ▬▬▬
LINWOOD.
ALONGSIDE CAR.
▬▬ ▬▬▬ ▬ ▬▬▬▬ ▬▬ ▬▬▬ ▬▬ ▬ ▬▬▬▬▬ ▬▬ ▬▬▬ ▬▬ ▬▬▬ ▬ ▬▬▬▬ ▬▬ ▬▬▬ ▬▬ ▬ ▬▬▬▬▬ ▬▬ ▬▬▬ ▬▬ ▬▬▬ ▬ ▬▬▬▬ ▬▬ ▬▬▬ ▬▬ ▬ ▬▬▬▬▬ ▬▬ ▬▬▬ ▬▬ ▬▬▬ ▬ ▬▬▬▬ ▬▬ ▬▬▬ ▬▬ ▬ ▬▬▬▬▬ ▬▬ ▬▬▬ ▬▬ ▬▬▬ ▬ ▬▬▬▬ ▬▬ ▬▬▬ ▬▬ ▬ ▬▬▬▬▬ ▬▬ ▬▬▬ ▬▬ ▬▬▬ ▬ ▬▬▬▬ ▬▬ ▬▬▬ ▬▬ ▬ ▬▬▬▬▬ ▬▬ ▬▬▬
£550.
▬▬ ▬▬▬ ▬ ▬▬▬▬ ▬▬ ▬▬▬ ▬▬ ▬ ▬▬▬▬▬ ▬▬ ▬▬▬ ▬▬ ▬▬▬ ▬ ▬▬▬▬ ▬▬ ▬▬▬ ▬▬ ▬ ▬▬▬▬▬ ▬▬ ▬▬▬
N.Z. FARMERS' CO-OP. ASSOCIATION, LIMITED (HAMILTON).
HAMILTON
▬▬ ▬▬▬ ▬ ▬▬▬▬ ▬▬ ▬▬▬ ▬▬ ▬ ▬▬▬▬▬ ▬▬ ▬▬▬ ▬▬ ▬▬▬ ▬ ▬▬▬▬ ▬▬ ▬▬▬ ▬▬ ▬ ▬▬▬▬▬ ▬▬ ▬▬▬ ▬▬ ▬▬▬ ▬ ▬▬▬▬ ▬▬ ▬▬▬ ▬▬ ▬ ▬▬▬▬▬ ▬▬ ▬▬▬
GOOD LAND—IDEAL CLIMATE.
▬▬ ▬▬▬ ▬ ▬▬▬▬ ▬▬ ▬▬▬ ▬▬ ▬ ▬▬▬▬▬ ▬▬ ▬▬▬ ▬▬ ▬▬▬ ▬ ▬▬▬▬ ▬▬ ▬▬▬ ▬▬ ▬ ▬▬▬▬▬ ▬▬ ▬▬▬ ▬▬ ▬▬▬ ▬ ▬▬▬▬ ▬▬ ▬▬▬ ▬▬ ▬ ▬▬▬▬▬ ▬▬ ▬▬▬ ▬▬ ▬▬▬ ▬ ▬▬▬▬ ▬▬ ▬▬▬ ▬▬ ▬ ▬▬▬▬▬ ▬▬ ▬▬▬
JAMES AND GILLMAN (HAWERA).
FATTENING DAIRYING AND GRAZING FARM. EXCEPTIONAL TERMS TO PRACTICAL MAN.
▬▬ ▬▬▬ ▬ ▬▬▬▬ ▬▬ ▬▬▬ ▬▬ ▬ ▬▬▬▬▬ ▬▬ ▬▬▬ ▬▬ ▬▬▬ ▬ ▬▬▬▬ ▬▬ ▬▬▬ ▬▬ ▬ ▬▬▬▬▬ ▬▬ ▬▬▬ ▬▬ ▬▬▬ ▬ ▬▬▬▬ ▬▬ ▬▬▬ ▬▬ ▬ ▬▬▬▬▬ ▬▬ ▬▬▬ ▬▬ ▬▬▬ ▬ ▬▬▬▬ ▬▬ ▬▬▬ ▬▬ ▬ ▬▬▬▬▬ ▬▬ ▬▬▬ ▬▬ ▬▬▬ ▬ ▬▬▬▬ ▬▬ ▬▬▬ ▬▬ ▬ ▬▬▬▬▬ ▬▬ ▬▬▬
WILLIAMS AND KETTLE, LTD.
HAWKE'S BAY PROPERTY FOR SALE.
▬▬ ▬▬▬ ▬ ▬▬▬▬ ▬▬ ▬▬▬ ▬▬ ▬ ▬▬▬▬▬ ▬▬ ▬▬▬ ▬▬ ▬▬▬ ▬ ▬▬▬▬ ▬▬ ▬▬▬ ▬▬ ▬ ▬▬▬▬▬ ▬▬ ▬▬▬ ▬▬ ▬▬▬ ▬ ▬▬▬▬ ▬▬ ▬▬▬ ▬▬ ▬ ▬▬▬▬▬ ▬▬ ▬▬▬ ▬▬ ▬▬▬ ▬ ▬▬▬▬ ▬▬ ▬▬▬ ▬▬ ▬ ▬▬▬▬▬ ▬▬ ▬▬▬ ▬▬ ▬▬▬ ▬ ▬▬▬▬ ▬▬ ▬▬▬ ▬▬ ▬ ▬▬▬▬▬ ▬▬ ▬▬▬ ▬▬ ▬▬▬ ▬ ▬▬▬▬ ▬▬ ▬▬▬ ▬▬ ▬ ▬▬▬▬▬ ▬▬ ▬▬▬
AS ARRANGED.
▬▬ ▬▬▬ ▬ ▬▬▬▬ ▬▬ ▬▬▬ ▬▬ ▬ ▬▬▬▬▬ ▬▬ ▬▬▬ ▬▬ ▬▬▬ ▬ ▬▬▬▬ ▬▬ ▬▬▬ ▬▬ ▬ ▬▬▬▬▬ ▬▬ ▬▬▬ ▬▬ ▬▬▬ ▬ ▬▬▬▬ ▬▬ ▬▬▬ ▬▬ ▬ ▬▬▬▬▬ ▬▬ ▬▬▬ ▬▬ ▬▬▬ ▬ ▬▬▬▬ ▬▬ ▬▬▬ ▬▬ ▬ ▬▬▬▬▬ ▬▬ ▬▬▬ ▬▬ ▬▬▬ ▬ ▬▬▬▬ ▬▬ ▬▬▬ ▬▬ ▬ ▬▬▬▬▬ ▬▬ ▬▬▬ ▬▬ ▬▬▬ ▬ ▬▬▬▬ ▬▬ ▬▬▬ ▬▬ ▬ ▬▬▬▬▬ ▬▬ ▬▬▬ ▬▬ ▬▬▬ ▬ ▬▬▬▬ ▬▬ ▬▬▬ ▬▬ ▬ ▬▬▬▬▬ ▬▬ ▬▬▬
EVANS AND BULL,
▬▬ ▬▬▬ ▬ ▬▬▬▬ ▬▬ ▬▬▬ ▬▬ ▬ ▬▬▬▬▬ ▬▬ ▬▬▬ ▬▬ ▬▬▬ ▬ ▬▬▬▬ ▬▬ ▬▬▬ ▬▬ ▬ ▬▬▬▬▬ ▬▬ ▬▬▬ ▬▬ ▬▬▬ ▬ ▬▬▬▬ ▬▬ ▬▬▬ ▬▬ ▬ ▬▬▬▬▬ ▬▬ ▬▬▬
SPREYDON.
▬▬ ▬▬▬ ▬ ▬▬▬▬ ▬▬ ▬▬▬ ▬▬ ▬ ▬▬▬▬▬ ▬▬ ▬▬▬ ▬▬ ▬▬▬ ▬ ▬▬▬▬ ▬▬ ▬▬▬ ▬▬ ▬ ▬▬▬▬▬ ▬▬ ▬▬▬ ▬▬ ▬▬▬ ▬ ▬▬▬▬ ▬▬ ▬▬▬ ▬▬ ▬ ▬▬▬▬▬ ▬▬ ▬▬▬ ▬▬ ▬▬▬ ▬ ▬▬▬▬ ▬▬ ▬▬▬ ▬▬ ▬ ▬▬▬▬▬ ▬▬ ▬▬▬
EDUCATIONAL.
HAMILTON HIGH SCHOOL.
WANTED, for General Form Work—English, Mathematics.
▬▬ ▬▬▬ ▬ ▬▬▬▬ ▬▬ ▬▬▬ ▬▬ ▬ ▬▬▬▬▬ ▬▬ ▬▬▬ ▬▬ ▬▬▬ ▬ ▬▬▬▬ ▬▬ ▬▬▬ ▬▬ ▬ ▬▬▬▬▬ ▬▬ ▬▬▬ ▬▬ ▬▬▬ ▬ ▬▬▬▬ ▬▬ ▬▬▬ ▬▬ ▬ ▬▬▬▬▬ ▬▬ ▬▬▬ ▬▬ ▬▬▬ ▬ ▬▬▬▬ ▬▬ ▬▬▬ ▬▬ ▬ ▬▬▬▬▬ ▬▬ ▬▬▬ ▬▬ ▬▬▬ ▬ ▬▬▬▬ ▬▬ ▬▬▬ ▬▬ ▬ ▬▬▬▬▬ ▬▬ ▬▬▬
DANCING.
▬▬ ▬▬▬ ▬ ▬▬▬▬ ▬▬ ▬▬▬ ▬▬ ▬ ▬▬▬▬▬ ▬▬ ▬▬▬ ▬▬ ▬▬▬ ▬ ▬▬▬▬ ▬▬ ▬▬▬ ▬▬ ▬ ▬▬▬▬▬ ▬▬ ▬▬▬ ▬▬ ▬▬▬ ▬ ▬▬▬▬ ▬▬ ▬▬▬ ▬▬ ▬ ▬▬▬▬▬ ▬▬ ▬▬▬ ▬▬ ▬▬▬ ▬ ▬▬▬▬ ▬▬ ▬▬▬ ▬▬ ▬ ▬▬▬▬▬ ▬▬ ▬▬▬ ▬▬ ▬▬▬ ▬ ▬▬▬▬ ▬▬ ▬▬▬ ▬▬ ▬ ▬▬▬▬▬ ▬▬ ▬▬▬ ▬▬ ▬▬▬ ▬ ▬▬▬▬ ▬▬ ▬▬▬ ▬▬ ▬ ▬▬▬▬▬ ▬▬ ▬▬▬
DANCING, DEPORTMENT, PHYSICAL CULTURE.
▬▬ ▬▬▬ ▬ ▬▬▬▬ ▬▬ ▬▬▬ ▬▬ ▬ ▬▬▬▬▬ ▬▬ ▬▬▬ ▬▬ ▬▬▬ ▬ ▬▬▬▬ ▬▬ ▬▬▬ ▬▬ ▬ ▬▬▬▬▬ ▬▬ ▬▬▬ ▬▬ ▬▬▬ ▬ ▬▬▬▬ ▬▬ ▬▬▬ ▬▬ ▬ ▬▬▬▬▬ ▬▬ ▬▬▬ ▬▬ ▬▬▬ ▬ ▬▬▬▬ ▬▬ ▬▬▬ ▬▬ ▬ ▬▬▬▬▬ ▬▬ ▬▬▬ ▬▬ ▬▬▬ ▬ ▬▬▬▬ ▬▬ ▬▬▬ ▬▬ ▬ ▬▬▬▬▬ ▬▬ ▬▬▬ ▬▬ ▬▬▬ ▬ ▬▬▬▬ ▬▬ ▬▬▬ ▬▬ ▬ ▬▬▬▬▬ ▬▬ ▬▬▬ ▬▬ ▬▬▬ ▬ ▬▬▬▬ ▬▬ ▬▬▬ ▬▬ ▬ ▬▬▬▬▬ ▬▬ ▬▬▬
ST. ALBANS GIRLS' SCHOOL,
▬▬ ▬▬▬ ▬ ▬▬▬▬ ▬▬ ▬▬▬ ▬▬ ▬ ▬▬▬▬▬ ▬▬ ▬▬▬ ▬▬ ▬▬▬ ▬ ▬▬▬▬ ▬▬ ▬▬▬ ▬▬ ▬ ▬▬▬▬▬ ▬▬ ▬▬▬ ▬▬ ▬▬▬ ▬ ▬▬▬▬ ▬▬ ▬▬▬ ▬▬ ▬ ▬▬▬▬▬ ▬▬ ▬▬▬
THE IMPERIAL CONSERVATORY OF MUSIC.
▬▬ ▬▬▬ ▬ ▬▬▬▬ ▬▬ ▬▬▬ ▬▬ ▬ ▬▬▬▬▬ ▬▬ ▬▬▬ ▬▬ ▬▬▬ ▬ ▬▬▬▬ ▬▬ ▬▬▬ ▬▬ ▬ ▬▬▬▬▬ ▬▬ ▬▬▬ ▬▬ ▬▬▬ ▬ ▬▬▬▬ ▬▬ ▬▬▬ ▬▬ ▬ ▬▬▬▬▬ ▬▬ ▬▬▬ ▬▬ ▬▬▬ ▬ ▬▬▬▬ ▬▬ ▬▬▬ ▬▬ ▬ ▬▬▬▬▬ ▬▬ ▬▬▬
TO ALL INTERESTED IN ACCOUNTANCY
CLASSES IN ACCOUNTANCY AND COMMERCIAL LAW.
▬▬ ▬▬▬ ▬ ▬▬▬▬ ▬▬ ▬▬▬ ▬▬ ▬ ▬▬▬▬▬ ▬▬ ▬▬▬ ▬▬ ▬▬▬ ▬ ▬▬▬▬ ▬▬ ▬▬▬ ▬▬ ▬ ▬▬▬▬▬ ▬▬ ▬▬▬ ▬▬ ▬▬▬ ▬ ▬▬▬▬ ▬▬ ▬▬▬ ▬▬ ▬ ▬▬▬▬▬ ▬▬ ▬▬▬ ▬▬ ▬▬▬ ▬ ▬▬▬▬ ▬▬ ▬▬▬ ▬▬ ▬ ▬▬▬▬▬ ▬▬ ▬▬▬ ▬▬ ▬▬▬ ▬ ▬▬▬▬ ▬▬ ▬▬▬ ▬▬ ▬ ▬▬▬▬▬ ▬▬ ▬▬▬
CANTERBURY UNIVERSITY COLLEGE.
▬▬ ▬▬▬ ▬ ▬▬▬▬ ▬▬ ▬▬▬ ▬▬ ▬ ▬▬▬▬▬ ▬▬ ▬▬▬ ▬▬ ▬▬▬ ▬ ▬▬▬▬ ▬▬ ▬▬▬ ▬▬ ▬ ▬▬▬▬▬ ▬▬ ▬▬▬ ▬▬ ▬▬▬ ▬ ▬▬▬▬ ▬▬ ▬▬▬ ▬▬ ▬ ▬▬▬▬▬ ▬▬ ▬▬▬ ▬▬ ▬▬▬ ▬ ▬▬▬▬ ▬▬ ▬▬▬ ▬▬ ▬ ▬▬▬▬▬ ▬▬ ▬▬▬ ▬▬ ▬▬▬ ▬ ▬▬▬▬ ▬▬ ▬▬▬ ▬▬ ▬ ▬▬▬▬▬ ▬▬ ▬▬▬ ▬▬ ▬▬▬ ▬ ▬▬▬▬ ▬▬ ▬▬▬ ▬▬ ▬ ▬▬▬▬▬ ▬▬ ▬▬▬
DIGBY'S COMMERCIAL SCHOOL,
DAY AND EVENING CLASSES. COMMERCIAL SUBJECTS.
▬▬ ▬▬▬ ▬ ▬▬▬▬ ▬▬ ▬▬▬ ▬▬ ▬ ▬▬▬▬▬ ▬▬ ▬▬▬ ▬▬ ▬▬▬ ▬ ▬▬▬▬ ▬▬ ▬▬▬ ▬▬ ▬ ▬▬▬▬▬ ▬▬ ▬▬▬ ▬▬ ▬▬▬ ▬ ▬▬▬▬ ▬▬ ▬▬▬ ▬▬ ▬ ▬▬▬▬▬ ▬▬ ▬▬▬ ▬▬ ▬▬▬ ▬ ▬▬▬▬ ▬▬ ▬▬▬ ▬▬ ▬ ▬▬▬▬▬ ▬▬ ▬▬▬ ▬▬ ▬▬▬ ▬ ▬▬▬▬ ▬▬ ▬▬▬ ▬▬ ▬ ▬▬▬▬▬ ▬▬ ▬▬▬ ▬▬ ▬▬▬ ▬ ▬▬▬▬ ▬▬ ▬▬▬ ▬▬ ▬ ▬▬▬▬▬ ▬▬ ▬▬▬ ▬▬ ▬▬▬ ▬ ▬▬▬▬ ▬▬ ▬▬▬ ▬▬ ▬ ▬▬▬▬▬ ▬▬ ▬▬▬
HALLENSTEIN'S BUILDINGS.
▬▬ ▬▬▬ ▬ ▬▬▬▬ ▬▬ ▬▬▬ ▬▬ ▬ ▬▬▬▬▬ ▬▬ ▬▬▬ ▬▬ ▬▬▬ ▬ ▬▬▬▬ ▬▬ ▬▬▬ ▬▬ ▬ ▬▬▬▬▬ ▬▬ ▬▬▬ ▬▬ ▬▬▬ ▬ ▬▬▬▬ ▬▬ ▬▬▬ ▬▬ ▬ ▬▬▬▬▬ ▬▬ ▬▬▬
£88 PER ANNUM AND "FOUND."
▬▬ ▬▬▬ ▬ ▬▬▬▬ ▬▬ ▬▬▬ ▬▬ ▬ ▬▬▬▬▬ ▬▬ ▬▬▬ ▬▬ ▬▬▬ ▬ ▬▬▬▬ ▬▬ ▬▬▬ ▬▬ ▬ ▬▬▬▬▬ ▬▬ ▬▬▬ ▬▬ ▬▬▬ ▬ ▬▬▬▬ ▬▬ ▬▬▬ ▬▬ ▬ ▬▬▬▬▬ ▬▬ ▬▬▬ ▬▬ ▬▬▬ ▬ ▬▬▬▬ ▬▬ ▬▬▬ ▬▬ ▬ ▬▬▬▬▬ ▬▬ ▬▬▬
THE DOMINION COLLEGE OF RADIO-TELEGRAPHY, LTD.
▬▬ ▬▬▬ ▬ ▬▬▬▬ ▬▬ ▬▬▬ ▬▬ ▬ ▬▬▬▬▬ ▬▬ ▬▬▬ ▬▬ ▬▬▬ ▬ ▬▬▬▬ ▬▬ ▬▬▬ ▬▬ ▬ ▬▬▬▬▬ ▬▬ ▬▬▬ ▬▬ ▬▬▬ ▬ ▬▬▬▬ ▬▬ ▬▬▬ ▬▬ ▬ ▬▬▬▬▬ ▬▬ ▬▬▬ ▬▬ ▬▬▬ ▬ ▬▬▬▬ ▬▬ ▬▬▬ ▬▬ ▬ ▬▬▬▬▬ ▬▬ ▬▬▬ ▬▬ ▬▬▬ ▬ ▬▬▬▬ ▬▬ ▬▬▬ ▬▬ ▬ ▬▬▬▬▬ ▬▬ ▬▬▬
GILBY'S COLLEGE, LTD.,
CATHEDRAL SQUARE, CHRISTCHURCH.
▬▬ ▬▬▬ ▬ ▬▬▬▬ ▬▬ ▬▬▬ ▬▬ ▬ ▬▬▬▬▬ ▬▬ ▬▬▬ ▬▬ ▬▬▬ ▬ ▬▬▬▬ ▬▬ ▬▬▬ ▬▬ ▬ ▬▬▬▬▬ ▬▬ ▬▬▬ ▬▬ ▬▬▬ ▬ ▬▬▬▬ ▬▬ ▬▬▬ ▬▬ ▬ ▬▬▬▬▬ ▬▬ ▬▬▬ ▬▬ ▬▬▬ ▬ ▬▬▬▬ ▬▬ ▬▬▬ ▬▬ ▬ ▬▬▬▬▬ ▬▬ ▬▬▬ ▬▬ ▬▬▬ ▬ ▬▬▬▬ ▬▬ ▬▬▬ ▬▬ ▬ ▬▬▬▬▬ ▬▬ ▬▬▬ ▬▬ ▬▬▬ ▬ ▬▬▬▬ ▬▬ ▬▬▬ ▬▬ ▬ ▬▬▬▬▬ ▬▬ ▬▬▬
GOVERNOR'S BAY AND TEDDINGTON.
ROYAL MAIL COACH SERVICE.
▬▬ ▬▬▬ ▬ ▬▬▬▬ ▬▬ ▬▬▬ ▬▬ ▬ ▬▬▬▬▬ ▬▬ ▬▬▬ ▬▬ ▬▬▬ ▬ ▬▬▬▬ ▬▬ ▬▬▬ ▬▬ ▬ ▬▬▬▬▬ ▬▬ ▬▬▬ ▬▬ ▬▬▬ ▬ ▬▬▬▬ ▬▬ ▬▬▬ ▬▬ ▬ ▬▬▬▬▬ ▬▬ ▬▬▬ ▬▬ ▬▬▬ ▬ ▬▬▬▬ ▬▬ ▬▬▬ ▬▬ ▬ ▬▬▬▬▬ ▬▬ ▬▬▬ ▬▬ ▬▬▬ ▬ ▬▬▬▬ ▬▬ ▬▬▬ ▬▬ ▬ ▬▬▬▬▬ ▬▬ ▬▬▬ ▬▬ ▬▬▬ ▬ ▬▬▬▬ ▬▬ ▬▬▬ ▬▬ ▬ ▬▬▬▬▬ ▬▬ ▬▬▬ ▬▬ ▬▬▬ ▬ ▬▬▬▬ ▬▬ ▬▬▬ ▬▬ ▬ ▬▬▬▬▬ ▬▬ ▬▬▬
SPECIAL TRIPS ARRANGED.
W. LYNN, Proprietor.
▬▬ ▬▬▬ ▬ ▬▬▬▬ ▬▬ ▬▬▬ ▬▬ ▬ ▬▬▬▬▬ ▬▬ ▬▬▬ ▬▬ ▬▬▬ ▬ ▬▬▬▬ ▬▬ ▬▬▬ ▬▬ ▬ ▬▬▬▬▬ ▬▬ ▬▬▬ ▬▬ ▬▬▬ ▬ ▬▬▬▬ ▬▬ ▬▬▬ ▬▬ ▬ ▬▬▬▬▬ ▬▬ ▬▬▬
Thursday, March 7, 1918.
